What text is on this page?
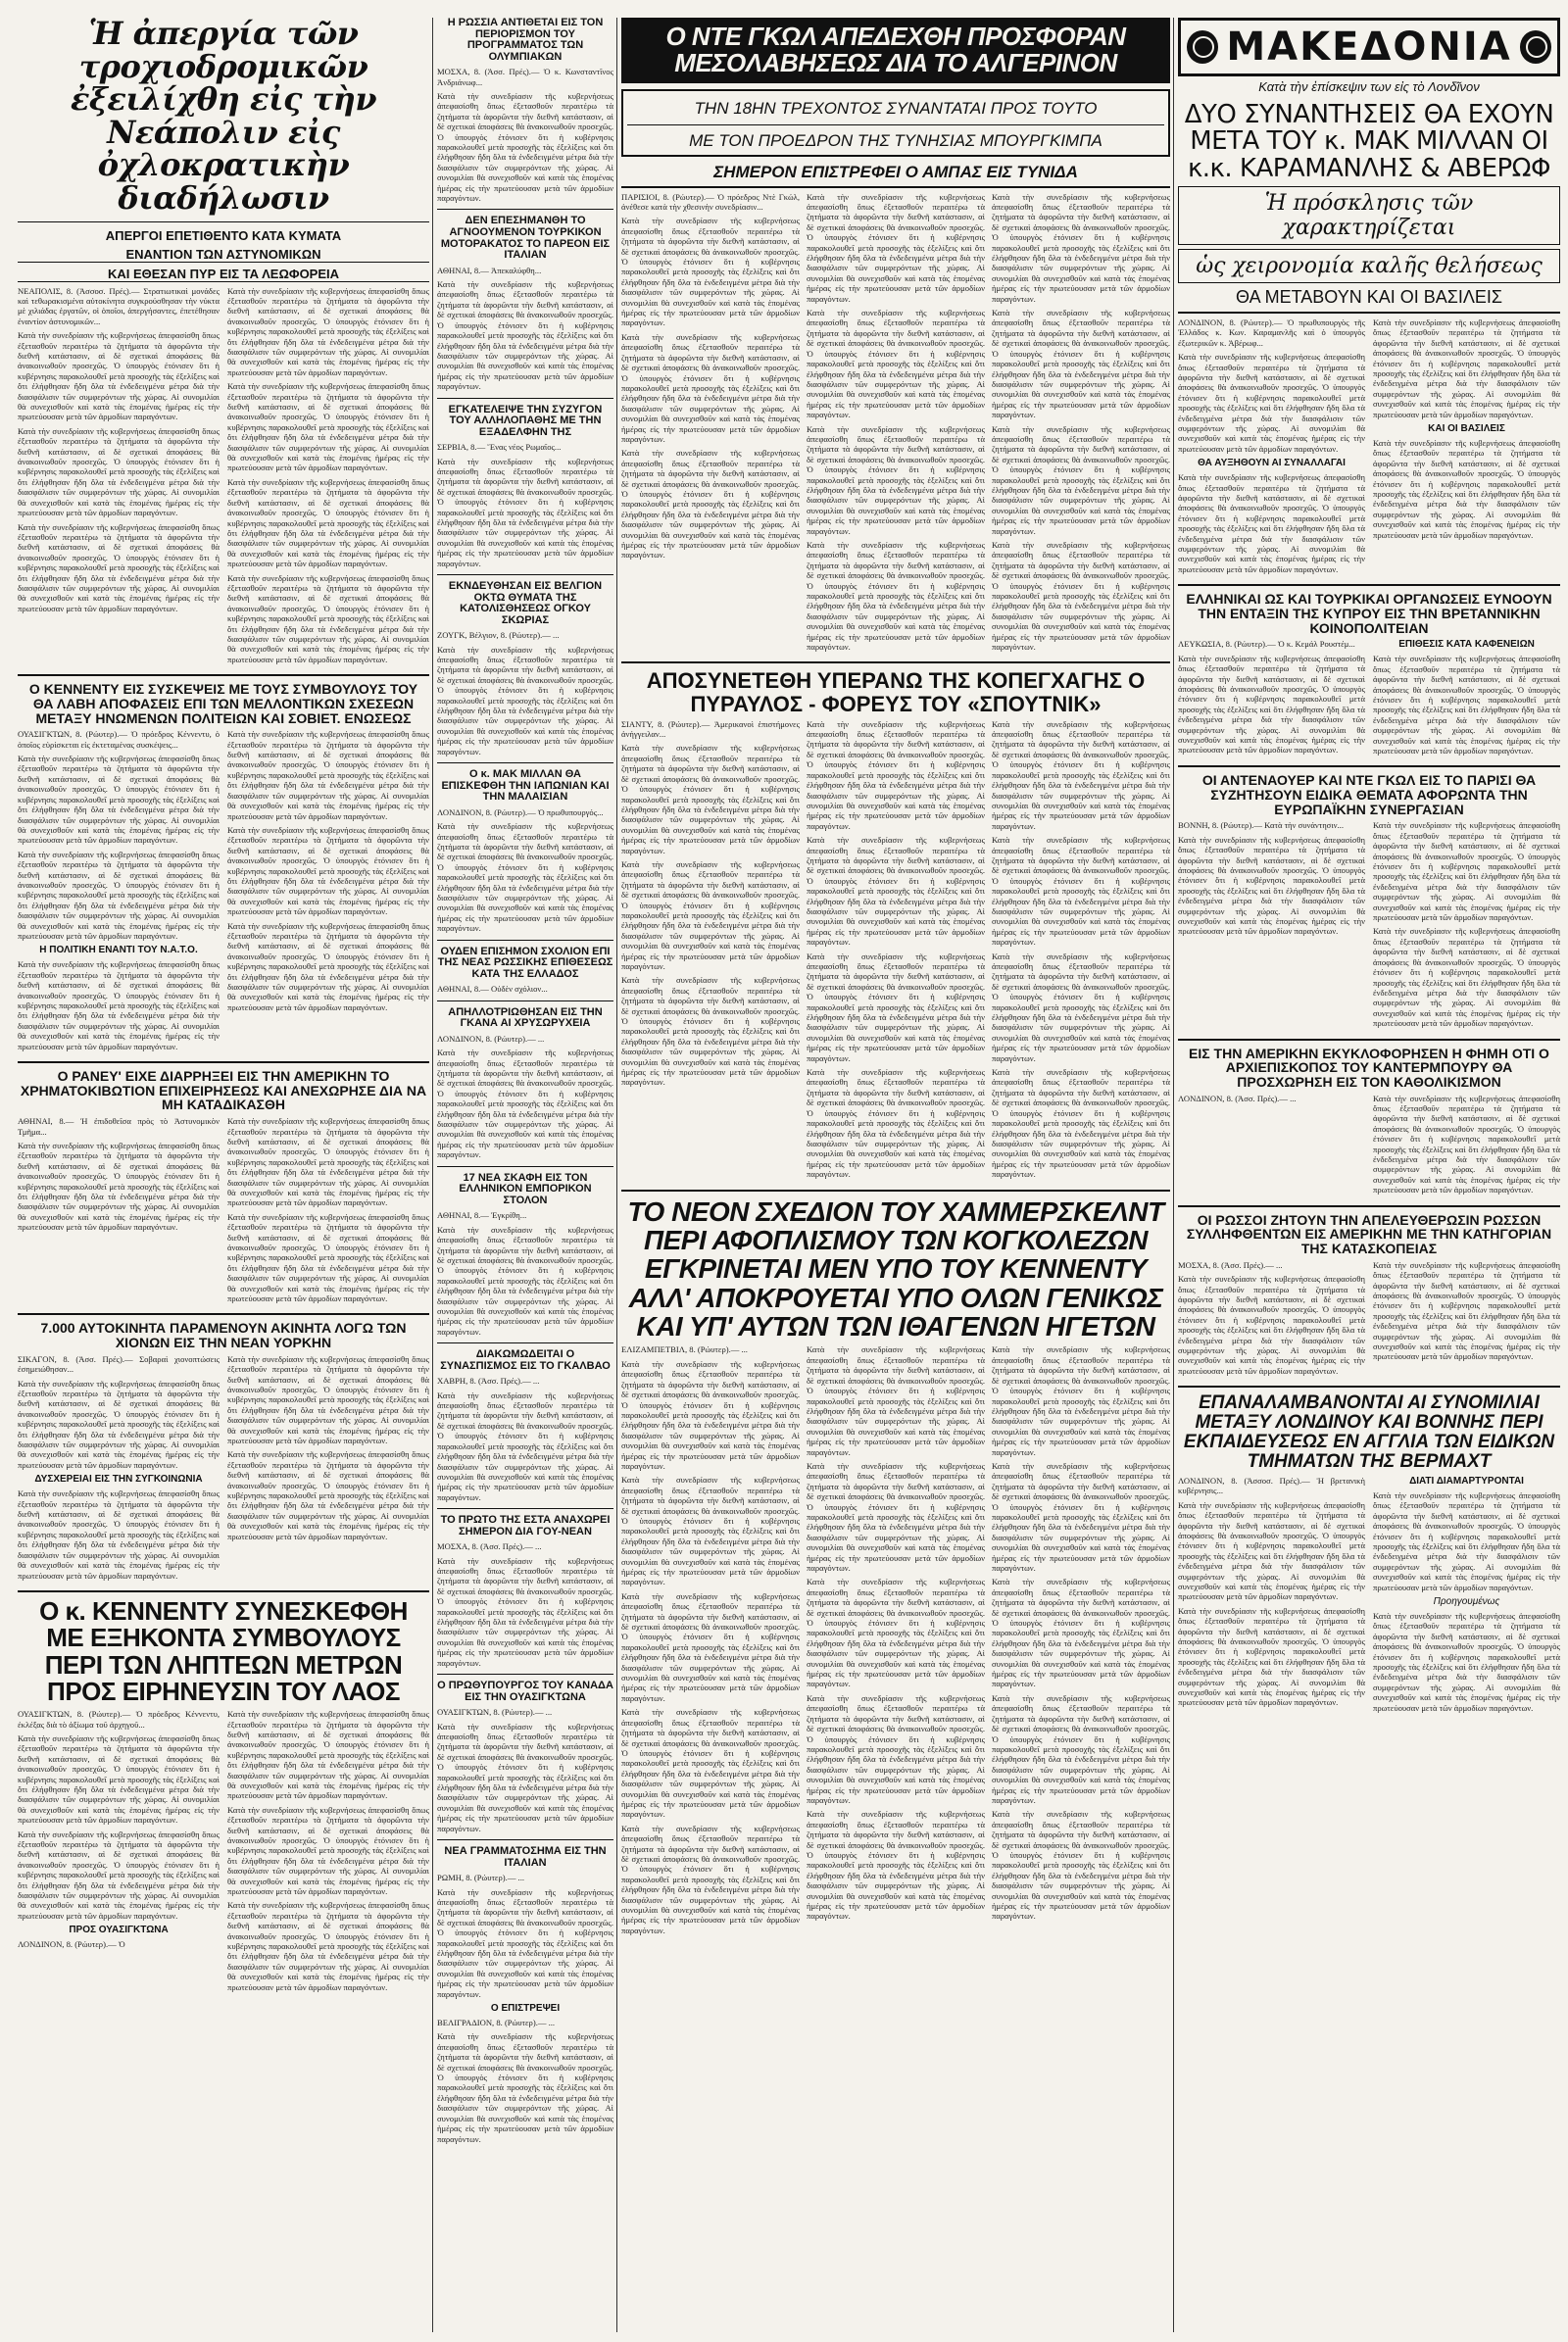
Ἡ ἀπεργία τῶν τροχιοδρομικῶν ἐξειλίχθη εἰς τὴν Νεάπολιν εἰς ὀχλοκρατικὴν διαδήλωσιν
ΑΠΕΡΓΟΙ ΕΠΕΤΙΘΕΝΤΟ ΚΑΤΑ ΚΥΜΑΤΑ
ΕΝΑΝΤΙΟΝ ΤΩΝ ΑΣΤΥΝΟΜΙΚΩΝ
ΚΑΙ ΕΘΕΣΑΝ ΠΥΡ ΕΙΣ ΤΑ ΛΕΩΦΟΡΕΙΑ

ΝΕΑΠΟΛΙΣ, 8. (Ἀσσοσ. Πρές).— Στρατιωτικαὶ μονάδες καὶ τεθωρακισμένα αὐτοκίνητα συγκρούσθησαν τὴν νύκτα μὲ χιλιάδας ἐργατῶν, οἱ ὁποῖοι, ἀπεργήσαντες, ἐπετέθησαν ἐναντίον ἀστυνομικῶν...

Κατὰ τὴν συνεδρίασιν τῆς κυβερνήσεως ἀπεφασίσθη ὅπως ἐξετασθοῦν περαιτέρω τὰ ζητήματα τὰ ἀφορῶντα τὴν διεθνῆ κατάστασιν, αἱ δὲ σχετικαὶ ἀποφάσεις θὰ ἀνακοινωθοῦν προσεχῶς. Ὁ ὑπουργὸς ἐτόνισεν ὅτι ἡ κυβέρνησις παρακολουθεῖ μετὰ προσοχῆς τὰς ἐξελίξεις καὶ ὅτι ἐλήφθησαν ἤδη ὅλα τὰ ἐνδεδειγμένα μέτρα διὰ τὴν διασφάλισιν τῶν συμφερόντων τῆς χώρας. Αἱ συνομιλίαι θὰ συνεχισθοῦν καὶ κατὰ τὰς ἑπομένας ἡμέρας εἰς τὴν πρωτεύουσαν μετὰ τῶν ἁρμοδίων παραγόντων.

Κατὰ τὴν συνεδρίασιν τῆς κυβερνήσεως ἀπεφασίσθη ὅπως ἐξετασθοῦν περαιτέρω τὰ ζητήματα τὰ ἀφορῶντα τὴν διεθνῆ κατάστασιν, αἱ δὲ σχετικαὶ ἀποφάσεις θὰ ἀνακοινωθοῦν προσεχῶς. Ὁ ὑπουργὸς ἐτόνισεν ὅτι ἡ κυβέρνησις παρακολουθεῖ μετὰ προσοχῆς τὰς ἐξελίξεις καὶ ὅτι ἐλήφθησαν ἤδη ὅλα τὰ ἐνδεδειγμένα μέτρα διὰ τὴν διασφάλισιν τῶν συμφερόντων τῆς χώρας. Αἱ συνομιλίαι θὰ συνεχισθοῦν καὶ κατὰ τὰς ἑπομένας ἡμέρας εἰς τὴν πρωτεύουσαν μετὰ τῶν ἁρμοδίων παραγόντων.

Κατὰ τὴν συνεδρίασιν τῆς κυβερνήσεως ἀπεφασίσθη ὅπως ἐξετασθοῦν περαιτέρω τὰ ζητήματα τὰ ἀφορῶντα τὴν διεθνῆ κατάστασιν, αἱ δὲ σχετικαὶ ἀποφάσεις θὰ ἀνακοινωθοῦν προσεχῶς. Ὁ ὑπουργὸς ἐτόνισεν ὅτι ἡ κυβέρνησις παρακολουθεῖ μετὰ προσοχῆς τὰς ἐξελίξεις καὶ ὅτι ἐλήφθησαν ἤδη ὅλα τὰ ἐνδεδειγμένα μέτρα διὰ τὴν διασφάλισιν τῶν συμφερόντων τῆς χώρας. Αἱ συνομιλίαι θὰ συνεχισθοῦν καὶ κατὰ τὰς ἑπομένας ἡμέρας εἰς τὴν πρωτεύουσαν μετὰ τῶν ἁρμοδίων παραγόντων.

Κατὰ τὴν συνεδρίασιν τῆς κυβερνήσεως ἀπεφασίσθη ὅπως ἐξετασθοῦν περαιτέρω τὰ ζητήματα τὰ ἀφορῶντα τὴν διεθνῆ κατάστασιν, αἱ δὲ σχετικαὶ ἀποφάσεις θὰ ἀνακοινωθοῦν προσεχῶς. Ὁ ὑπουργὸς ἐτόνισεν ὅτι ἡ κυβέρνησις παρακολουθεῖ μετὰ προσοχῆς τὰς ἐξελίξεις καὶ ὅτι ἐλήφθησαν ἤδη ὅλα τὰ ἐνδεδειγμένα μέτρα διὰ τὴν διασφάλισιν τῶν συμφερόντων τῆς χώρας. Αἱ συνομιλίαι θὰ συνεχισθοῦν καὶ κατὰ τὰς ἑπομένας ἡμέρας εἰς τὴν πρωτεύουσαν μετὰ τῶν ἁρμοδίων παραγόντων.

Κατὰ τὴν συνεδρίασιν τῆς κυβερνήσεως ἀπεφασίσθη ὅπως ἐξετασθοῦν περαιτέρω τὰ ζητήματα τὰ ἀφορῶντα τὴν διεθνῆ κατάστασιν, αἱ δὲ σχετικαὶ ἀποφάσεις θὰ ἀνακοινωθοῦν προσεχῶς. Ὁ ὑπουργὸς ἐτόνισεν ὅτι ἡ κυβέρνησις παρακολουθεῖ μετὰ προσοχῆς τὰς ἐξελίξεις καὶ ὅτι ἐλήφθησαν ἤδη ὅλα τὰ ἐνδεδειγμένα μέτρα διὰ τὴν διασφάλισιν τῶν συμφερόντων τῆς χώρας. Αἱ συνομιλίαι θὰ συνεχισθοῦν καὶ κατὰ τὰς ἑπομένας ἡμέρας εἰς τὴν πρωτεύουσαν μετὰ τῶν ἁρμοδίων παραγόντων.

Κατὰ τὴν συνεδρίασιν τῆς κυβερνήσεως ἀπεφασίσθη ὅπως ἐξετασθοῦν περαιτέρω τὰ ζητήματα τὰ ἀφορῶντα τὴν διεθνῆ κατάστασιν, αἱ δὲ σχετικαὶ ἀποφάσεις θὰ ἀνακοινωθοῦν προσεχῶς. Ὁ ὑπουργὸς ἐτόνισεν ὅτι ἡ κυβέρνησις παρακολουθεῖ μετὰ προσοχῆς τὰς ἐξελίξεις καὶ ὅτι ἐλήφθησαν ἤδη ὅλα τὰ ἐνδεδειγμένα μέτρα διὰ τὴν διασφάλισιν τῶν συμφερόντων τῆς χώρας. Αἱ συνομιλίαι θὰ συνεχισθοῦν καὶ κατὰ τὰς ἑπομένας ἡμέρας εἰς τὴν πρωτεύουσαν μετὰ τῶν ἁρμοδίων παραγόντων.

Κατὰ τὴν συνεδρίασιν τῆς κυβερνήσεως ἀπεφασίσθη ὅπως ἐξετασθοῦν περαιτέρω τὰ ζητήματα τὰ ἀφορῶντα τὴν διεθνῆ κατάστασιν, αἱ δὲ σχετικαὶ ἀποφάσεις θὰ ἀνακοινωθοῦν προσεχῶς. Ὁ ὑπουργὸς ἐτόνισεν ὅτι ἡ κυβέρνησις παρακολουθεῖ μετὰ προσοχῆς τὰς ἐξελίξεις καὶ ὅτι ἐλήφθησαν ἤδη ὅλα τὰ ἐνδεδειγμένα μέτρα διὰ τὴν διασφάλισιν τῶν συμφερόντων τῆς χώρας. Αἱ συνομιλίαι θὰ συνεχισθοῦν καὶ κατὰ τὰς ἑπομένας ἡμέρας εἰς τὴν πρωτεύουσαν μετὰ τῶν ἁρμοδίων παραγόντων.

Ο ΚΕΝΝΕΝΤΥ ΕΙΣ ΣΥΣΚΕΨΕΙΣ ΜΕ ΤΟΥΣ ΣΥΜΒΟΥΛΟΥΣ ΤΟΥ ΘΑ ΛΑΒΗ ΑΠΟΦΑΣΕΙΣ ΕΠΙ ΤΩΝ ΜΕΛΛΟΝΤΙΚΩΝ ΣΧΕΣΕΩΝ ΜΕΤΑΞΥ ΗΝΩΜΕΝΩΝ ΠΟΛΙΤΕΙΩΝ ΚΑΙ ΣΟΒΙΕΤ. ΕΝΩΣΕΩΣ

ΟΥΑΣΙΓΚΤΩΝ, 8. (Ρώυτερ).— Ὁ πρόεδρος Κέννεντυ, ὁ ὁποῖος εὑρίσκεται εἰς ἐκτεταμένας συσκέψεις...

Κατὰ τὴν συνεδρίασιν τῆς κυβερνήσεως ἀπεφασίσθη ὅπως ἐξετασθοῦν περαιτέρω τὰ ζητήματα τὰ ἀφορῶντα τὴν διεθνῆ κατάστασιν, αἱ δὲ σχετικαὶ ἀποφάσεις θὰ ἀνακοινωθοῦν προσεχῶς. Ὁ ὑπουργὸς ἐτόνισεν ὅτι ἡ κυβέρνησις παρακολουθεῖ μετὰ προσοχῆς τὰς ἐξελίξεις καὶ ὅτι ἐλήφθησαν ἤδη ὅλα τὰ ἐνδεδειγμένα μέτρα διὰ τὴν διασφάλισιν τῶν συμφερόντων τῆς χώρας. Αἱ συνομιλίαι θὰ συνεχισθοῦν καὶ κατὰ τὰς ἑπομένας ἡμέρας εἰς τὴν πρωτεύουσαν μετὰ τῶν ἁρμοδίων παραγόντων.

Κατὰ τὴν συνεδρίασιν τῆς κυβερνήσεως ἀπεφασίσθη ὅπως ἐξετασθοῦν περαιτέρω τὰ ζητήματα τὰ ἀφορῶντα τὴν διεθνῆ κατάστασιν, αἱ δὲ σχετικαὶ ἀποφάσεις θὰ ἀνακοινωθοῦν προσεχῶς. Ὁ ὑπουργὸς ἐτόνισεν ὅτι ἡ κυβέρνησις παρακολουθεῖ μετὰ προσοχῆς τὰς ἐξελίξεις καὶ ὅτι ἐλήφθησαν ἤδη ὅλα τὰ ἐνδεδειγμένα μέτρα διὰ τὴν διασφάλισιν τῶν συμφερόντων τῆς χώρας. Αἱ συνομιλίαι θὰ συνεχισθοῦν καὶ κατὰ τὰς ἑπομένας ἡμέρας εἰς τὴν πρωτεύουσαν μετὰ τῶν ἁρμοδίων παραγόντων.

Η ΠΟΛΙΤΙΚΗ ΕΝΑΝΤΙ ΤΟΥ Ν.Α.Τ.Ο.

Κατὰ τὴν συνεδρίασιν τῆς κυβερνήσεως ἀπεφασίσθη ὅπως ἐξετασθοῦν περαιτέρω τὰ ζητήματα τὰ ἀφορῶντα τὴν διεθνῆ κατάστασιν, αἱ δὲ σχετικαὶ ἀποφάσεις θὰ ἀνακοινωθοῦν προσεχῶς. Ὁ ὑπουργὸς ἐτόνισεν ὅτι ἡ κυβέρνησις παρακολουθεῖ μετὰ προσοχῆς τὰς ἐξελίξεις καὶ ὅτι ἐλήφθησαν ἤδη ὅλα τὰ ἐνδεδειγμένα μέτρα διὰ τὴν διασφάλισιν τῶν συμφερόντων τῆς χώρας. Αἱ συνομιλίαι θὰ συνεχισθοῦν καὶ κατὰ τὰς ἑπομένας ἡμέρας εἰς τὴν πρωτεύουσαν μετὰ τῶν ἁρμοδίων παραγόντων.

Κατὰ τὴν συνεδρίασιν τῆς κυβερνήσεως ἀπεφασίσθη ὅπως ἐξετασθοῦν περαιτέρω τὰ ζητήματα τὰ ἀφορῶντα τὴν διεθνῆ κατάστασιν, αἱ δὲ σχετικαὶ ἀποφάσεις θὰ ἀνακοινωθοῦν προσεχῶς. Ὁ ὑπουργὸς ἐτόνισεν ὅτι ἡ κυβέρνησις παρακολουθεῖ μετὰ προσοχῆς τὰς ἐξελίξεις καὶ ὅτι ἐλήφθησαν ἤδη ὅλα τὰ ἐνδεδειγμένα μέτρα διὰ τὴν διασφάλισιν τῶν συμφερόντων τῆς χώρας. Αἱ συνομιλίαι θὰ συνεχισθοῦν καὶ κατὰ τὰς ἑπομένας ἡμέρας εἰς τὴν πρωτεύουσαν μετὰ τῶν ἁρμοδίων παραγόντων.

Κατὰ τὴν συνεδρίασιν τῆς κυβερνήσεως ἀπεφασίσθη ὅπως ἐξετασθοῦν περαιτέρω τὰ ζητήματα τὰ ἀφορῶντα τὴν διεθνῆ κατάστασιν, αἱ δὲ σχετικαὶ ἀποφάσεις θὰ ἀνακοινωθοῦν προσεχῶς. Ὁ ὑπουργὸς ἐτόνισεν ὅτι ἡ κυβέρνησις παρακολουθεῖ μετὰ προσοχῆς τὰς ἐξελίξεις καὶ ὅτι ἐλήφθησαν ἤδη ὅλα τὰ ἐνδεδειγμένα μέτρα διὰ τὴν διασφάλισιν τῶν συμφερόντων τῆς χώρας. Αἱ συνομιλίαι θὰ συνεχισθοῦν καὶ κατὰ τὰς ἑπομένας ἡμέρας εἰς τὴν πρωτεύουσαν μετὰ τῶν ἁρμοδίων παραγόντων.

Κατὰ τὴν συνεδρίασιν τῆς κυβερνήσεως ἀπεφασίσθη ὅπως ἐξετασθοῦν περαιτέρω τὰ ζητήματα τὰ ἀφορῶντα τὴν διεθνῆ κατάστασιν, αἱ δὲ σχετικαὶ ἀποφάσεις θὰ ἀνακοινωθοῦν προσεχῶς. Ὁ ὑπουργὸς ἐτόνισεν ὅτι ἡ κυβέρνησις παρακολουθεῖ μετὰ προσοχῆς τὰς ἐξελίξεις καὶ ὅτι ἐλήφθησαν ἤδη ὅλα τὰ ἐνδεδειγμένα μέτρα διὰ τὴν διασφάλισιν τῶν συμφερόντων τῆς χώρας. Αἱ συνομιλίαι θὰ συνεχισθοῦν καὶ κατὰ τὰς ἑπομένας ἡμέρας εἰς τὴν πρωτεύουσαν μετὰ τῶν ἁρμοδίων παραγόντων.

Ο ΡΑΝΕΥ' ΕΙΧΕ ΔΙΑΡΡΗΞΕΙ ΕΙΣ ΤΗΝ ΑΜΕΡΙΚΗΝ ΤΟ ΧΡΗΜΑΤΟΚΙΒΩΤΙΟΝ ΕΠΙΧΕΙΡΗΣΕΩΣ ΚΑΙ ΑΝΕΧΩΡΗΣΕ ΔΙΑ ΝΑ ΜΗ ΚΑΤΑΔΙΚΑΣΘΗ

ΑΘΗΝΑΙ, 8.— Ἡ ἐπιδοθεῖσα πρὸς τὸ Ἀστυνομικὸν Τμῆμα...

Κατὰ τὴν συνεδρίασιν τῆς κυβερνήσεως ἀπεφασίσθη ὅπως ἐξετασθοῦν περαιτέρω τὰ ζητήματα τὰ ἀφορῶντα τὴν διεθνῆ κατάστασιν, αἱ δὲ σχετικαὶ ἀποφάσεις θὰ ἀνακοινωθοῦν προσεχῶς. Ὁ ὑπουργὸς ἐτόνισεν ὅτι ἡ κυβέρνησις παρακολουθεῖ μετὰ προσοχῆς τὰς ἐξελίξεις καὶ ὅτι ἐλήφθησαν ἤδη ὅλα τὰ ἐνδεδειγμένα μέτρα διὰ τὴν διασφάλισιν τῶν συμφερόντων τῆς χώρας. Αἱ συνομιλίαι θὰ συνεχισθοῦν καὶ κατὰ τὰς ἑπομένας ἡμέρας εἰς τὴν πρωτεύουσαν μετὰ τῶν ἁρμοδίων παραγόντων.

Κατὰ τὴν συνεδρίασιν τῆς κυβερνήσεως ἀπεφασίσθη ὅπως ἐξετασθοῦν περαιτέρω τὰ ζητήματα τὰ ἀφορῶντα τὴν διεθνῆ κατάστασιν, αἱ δὲ σχετικαὶ ἀποφάσεις θὰ ἀνακοινωθοῦν προσεχῶς. Ὁ ὑπουργὸς ἐτόνισεν ὅτι ἡ κυβέρνησις παρακολουθεῖ μετὰ προσοχῆς τὰς ἐξελίξεις καὶ ὅτι ἐλήφθησαν ἤδη ὅλα τὰ ἐνδεδειγμένα μέτρα διὰ τὴν διασφάλισιν τῶν συμφερόντων τῆς χώρας. Αἱ συνομιλίαι θὰ συνεχισθοῦν καὶ κατὰ τὰς ἑπομένας ἡμέρας εἰς τὴν πρωτεύουσαν μετὰ τῶν ἁρμοδίων παραγόντων.

Κατὰ τὴν συνεδρίασιν τῆς κυβερνήσεως ἀπεφασίσθη ὅπως ἐξετασθοῦν περαιτέρω τὰ ζητήματα τὰ ἀφορῶντα τὴν διεθνῆ κατάστασιν, αἱ δὲ σχετικαὶ ἀποφάσεις θὰ ἀνακοινωθοῦν προσεχῶς. Ὁ ὑπουργὸς ἐτόνισεν ὅτι ἡ κυβέρνησις παρακολουθεῖ μετὰ προσοχῆς τὰς ἐξελίξεις καὶ ὅτι ἐλήφθησαν ἤδη ὅλα τὰ ἐνδεδειγμένα μέτρα διὰ τὴν διασφάλισιν τῶν συμφερόντων τῆς χώρας. Αἱ συνομιλίαι θὰ συνεχισθοῦν καὶ κατὰ τὰς ἑπομένας ἡμέρας εἰς τὴν πρωτεύουσαν μετὰ τῶν ἁρμοδίων παραγόντων.

7.000 ΑΥΤΟΚΙΝΗΤΑ ΠΑΡΑΜΕΝΟΥΝ ΑΚΙΝΗΤΑ ΛΟΓΩ ΤΩΝ ΧΙΟΝΩΝ ΕΙΣ ΤΗΝ ΝΕΑΝ ΥΟΡΚΗΝ

ΣΙΚΑΓΟΝ, 8. (Ἀσσ. Πρές).— Σοβαραὶ χιονοπτώσεις ἐσημειώθησαν...

Κατὰ τὴν συνεδρίασιν τῆς κυβερνήσεως ἀπεφασίσθη ὅπως ἐξετασθοῦν περαιτέρω τὰ ζητήματα τὰ ἀφορῶντα τὴν διεθνῆ κατάστασιν, αἱ δὲ σχετικαὶ ἀποφάσεις θὰ ἀνακοινωθοῦν προσεχῶς. Ὁ ὑπουργὸς ἐτόνισεν ὅτι ἡ κυβέρνησις παρακολουθεῖ μετὰ προσοχῆς τὰς ἐξελίξεις καὶ ὅτι ἐλήφθησαν ἤδη ὅλα τὰ ἐνδεδειγμένα μέτρα διὰ τὴν διασφάλισιν τῶν συμφερόντων τῆς χώρας. Αἱ συνομιλίαι θὰ συνεχισθοῦν καὶ κατὰ τὰς ἑπομένας ἡμέρας εἰς τὴν πρωτεύουσαν μετὰ τῶν ἁρμοδίων παραγόντων.

ΔΥΣΧΕΡΕΙΑΙ ΕΙΣ ΤΗΝ ΣΥΓΚΟΙΝΩΝΙΑ

Κατὰ τὴν συνεδρίασιν τῆς κυβερνήσεως ἀπεφασίσθη ὅπως ἐξετασθοῦν περαιτέρω τὰ ζητήματα τὰ ἀφορῶντα τὴν διεθνῆ κατάστασιν, αἱ δὲ σχετικαὶ ἀποφάσεις θὰ ἀνακοινωθοῦν προσεχῶς. Ὁ ὑπουργὸς ἐτόνισεν ὅτι ἡ κυβέρνησις παρακολουθεῖ μετὰ προσοχῆς τὰς ἐξελίξεις καὶ ὅτι ἐλήφθησαν ἤδη ὅλα τὰ ἐνδεδειγμένα μέτρα διὰ τὴν διασφάλισιν τῶν συμφερόντων τῆς χώρας. Αἱ συνομιλίαι θὰ συνεχισθοῦν καὶ κατὰ τὰς ἑπομένας ἡμέρας εἰς τὴν πρωτεύουσαν μετὰ τῶν ἁρμοδίων παραγόντων.

Κατὰ τὴν συνεδρίασιν τῆς κυβερνήσεως ἀπεφασίσθη ὅπως ἐξετασθοῦν περαιτέρω τὰ ζητήματα τὰ ἀφορῶντα τὴν διεθνῆ κατάστασιν, αἱ δὲ σχετικαὶ ἀποφάσεις θὰ ἀνακοινωθοῦν προσεχῶς. Ὁ ὑπουργὸς ἐτόνισεν ὅτι ἡ κυβέρνησις παρακολουθεῖ μετὰ προσοχῆς τὰς ἐξελίξεις καὶ ὅτι ἐλήφθησαν ἤδη ὅλα τὰ ἐνδεδειγμένα μέτρα διὰ τὴν διασφάλισιν τῶν συμφερόντων τῆς χώρας. Αἱ συνομιλίαι θὰ συνεχισθοῦν καὶ κατὰ τὰς ἑπομένας ἡμέρας εἰς τὴν πρωτεύουσαν μετὰ τῶν ἁρμοδίων παραγόντων.

Κατὰ τὴν συνεδρίασιν τῆς κυβερνήσεως ἀπεφασίσθη ὅπως ἐξετασθοῦν περαιτέρω τὰ ζητήματα τὰ ἀφορῶντα τὴν διεθνῆ κατάστασιν, αἱ δὲ σχετικαὶ ἀποφάσεις θὰ ἀνακοινωθοῦν προσεχῶς. Ὁ ὑπουργὸς ἐτόνισεν ὅτι ἡ κυβέρνησις παρακολουθεῖ μετὰ προσοχῆς τὰς ἐξελίξεις καὶ ὅτι ἐλήφθησαν ἤδη ὅλα τὰ ἐνδεδειγμένα μέτρα διὰ τὴν διασφάλισιν τῶν συμφερόντων τῆς χώρας. Αἱ συνομιλίαι θὰ συνεχισθοῦν καὶ κατὰ τὰς ἑπομένας ἡμέρας εἰς τὴν πρωτεύουσαν μετὰ τῶν ἁρμοδίων παραγόντων.

Ο κ. ΚΕΝΝΕΝΤΥ ΣΥΝΕΣΚΕΦΘΗ ΜΕ ΕΞΗΚΟΝΤΑ ΣΥΜΒΟΥΛΟΥΣ ΠΕΡΙ ΤΩΝ ΛΗΠΤΕΩΝ ΜΕΤΡΩΝ ΠΡΟΣ ΕΙΡΗΝΕΥΣΙΝ ΤΟΥ ΛΑΟΣ

ΟΥΑΣΙΓΚΤΩΝ, 8. (Ρώυτερ).— Ὁ πρόεδρος Κέννεντυ, ἐκλέξας διὰ τὸ ἀξίωμα τοῦ ἀρχηγοῦ...

Κατὰ τὴν συνεδρίασιν τῆς κυβερνήσεως ἀπεφασίσθη ὅπως ἐξετασθοῦν περαιτέρω τὰ ζητήματα τὰ ἀφορῶντα τὴν διεθνῆ κατάστασιν, αἱ δὲ σχετικαὶ ἀποφάσεις θὰ ἀνακοινωθοῦν προσεχῶς. Ὁ ὑπουργὸς ἐτόνισεν ὅτι ἡ κυβέρνησις παρακολουθεῖ μετὰ προσοχῆς τὰς ἐξελίξεις καὶ ὅτι ἐλήφθησαν ἤδη ὅλα τὰ ἐνδεδειγμένα μέτρα διὰ τὴν διασφάλισιν τῶν συμφερόντων τῆς χώρας. Αἱ συνομιλίαι θὰ συνεχισθοῦν καὶ κατὰ τὰς ἑπομένας ἡμέρας εἰς τὴν πρωτεύουσαν μετὰ τῶν ἁρμοδίων παραγόντων.

Κατὰ τὴν συνεδρίασιν τῆς κυβερνήσεως ἀπεφασίσθη ὅπως ἐξετασθοῦν περαιτέρω τὰ ζητήματα τὰ ἀφορῶντα τὴν διεθνῆ κατάστασιν, αἱ δὲ σχετικαὶ ἀποφάσεις θὰ ἀνακοινωθοῦν προσεχῶς. Ὁ ὑπουργὸς ἐτόνισεν ὅτι ἡ κυβέρνησις παρακολουθεῖ μετὰ προσοχῆς τὰς ἐξελίξεις καὶ ὅτι ἐλήφθησαν ἤδη ὅλα τὰ ἐνδεδειγμένα μέτρα διὰ τὴν διασφάλισιν τῶν συμφερόντων τῆς χώρας. Αἱ συνομιλίαι θὰ συνεχισθοῦν καὶ κατὰ τὰς ἑπομένας ἡμέρας εἰς τὴν πρωτεύουσαν μετὰ τῶν ἁρμοδίων παραγόντων.

ΠΡΟΣ ΟΥΑΣΙΓΚΤΩΝΑ

ΛΟΝΔΙΝΟΝ, 8. (Ρώυτερ).— Ὁ

Κατὰ τὴν συνεδρίασιν τῆς κυβερνήσεως ἀπεφασίσθη ὅπως ἐξετασθοῦν περαιτέρω τὰ ζητήματα τὰ ἀφορῶντα τὴν διεθνῆ κατάστασιν, αἱ δὲ σχετικαὶ ἀποφάσεις θὰ ἀνακοινωθοῦν προσεχῶς. Ὁ ὑπουργὸς ἐτόνισεν ὅτι ἡ κυβέρνησις παρακολουθεῖ μετὰ προσοχῆς τὰς ἐξελίξεις καὶ ὅτι ἐλήφθησαν ἤδη ὅλα τὰ ἐνδεδειγμένα μέτρα διὰ τὴν διασφάλισιν τῶν συμφερόντων τῆς χώρας. Αἱ συνομιλίαι θὰ συνεχισθοῦν καὶ κατὰ τὰς ἑπομένας ἡμέρας εἰς τὴν πρωτεύουσαν μετὰ τῶν ἁρμοδίων παραγόντων.

Κατὰ τὴν συνεδρίασιν τῆς κυβερνήσεως ἀπεφασίσθη ὅπως ἐξετασθοῦν περαιτέρω τὰ ζητήματα τὰ ἀφορῶντα τὴν διεθνῆ κατάστασιν, αἱ δὲ σχετικαὶ ἀποφάσεις θὰ ἀνακοινωθοῦν προσεχῶς. Ὁ ὑπουργὸς ἐτόνισεν ὅτι ἡ κυβέρνησις παρακολουθεῖ μετὰ προσοχῆς τὰς ἐξελίξεις καὶ ὅτι ἐλήφθησαν ἤδη ὅλα τὰ ἐνδεδειγμένα μέτρα διὰ τὴν διασφάλισιν τῶν συμφερόντων τῆς χώρας. Αἱ συνομιλίαι θὰ συνεχισθοῦν καὶ κατὰ τὰς ἑπομένας ἡμέρας εἰς τὴν πρωτεύουσαν μετὰ τῶν ἁρμοδίων παραγόντων.

Κατὰ τὴν συνεδρίασιν τῆς κυβερνήσεως ἀπεφασίσθη ὅπως ἐξετασθοῦν περαιτέρω τὰ ζητήματα τὰ ἀφορῶντα τὴν διεθνῆ κατάστασιν, αἱ δὲ σχετικαὶ ἀποφάσεις θὰ ἀνακοινωθοῦν προσεχῶς. Ὁ ὑπουργὸς ἐτόνισεν ὅτι ἡ κυβέρνησις παρακολουθεῖ μετὰ προσοχῆς τὰς ἐξελίξεις καὶ ὅτι ἐλήφθησαν ἤδη ὅλα τὰ ἐνδεδειγμένα μέτρα διὰ τὴν διασφάλισιν τῶν συμφερόντων τῆς χώρας. Αἱ συνομιλίαι θὰ συνεχισθοῦν καὶ κατὰ τὰς ἑπομένας ἡμέρας εἰς τὴν πρωτεύουσαν μετὰ τῶν ἁρμοδίων παραγόντων.

Η ΡΩΣΣΙΑ ΑΝΤΙΘΕΤΑΙ ΕΙΣ ΤΟΝ ΠΕΡΙΟΡΙΣΜΟΝ ΤΟΥ ΠΡΟΓΡΑΜΜΑΤΟΣ ΤΩΝ ΟΛΥΜΠΙΑΚΩΝ

ΜΟΣΧΑ, 8. (Ἀσσ. Πρές).— Ὁ κ. Κωνσταντῖνος Ἀνδριάνωφ...

Κατὰ τὴν συνεδρίασιν τῆς κυβερνήσεως ἀπεφασίσθη ὅπως ἐξετασθοῦν περαιτέρω τὰ ζητήματα τὰ ἀφορῶντα τὴν διεθνῆ κατάστασιν, αἱ δὲ σχετικαὶ ἀποφάσεις θὰ ἀνακοινωθοῦν προσεχῶς. Ὁ ὑπουργὸς ἐτόνισεν ὅτι ἡ κυβέρνησις παρακολουθεῖ μετὰ προσοχῆς τὰς ἐξελίξεις καὶ ὅτι ἐλήφθησαν ἤδη ὅλα τὰ ἐνδεδειγμένα μέτρα διὰ τὴν διασφάλισιν τῶν συμφερόντων τῆς χώρας. Αἱ συνομιλίαι θὰ συνεχισθοῦν καὶ κατὰ τὰς ἑπομένας ἡμέρας εἰς τὴν πρωτεύουσαν μετὰ τῶν ἁρμοδίων παραγόντων.

ΔΕΝ ΕΠΕΣΗΜΑΝΘΗ ΤΟ ΑΓΝΟΟΥΜΕΝΟΝ ΤΟΥΡΚΙΚΟΝ ΜΟΤΟΡΑΚΑΤΟΣ ΤΟ ΠΑΡΕΟΝ ΕΙΣ ΙΤΑΛΙΑΝ

ΑΘΗΝΑΙ, 8.— Ἀπεκαλύφθη...

Κατὰ τὴν συνεδρίασιν τῆς κυβερνήσεως ἀπεφασίσθη ὅπως ἐξετασθοῦν περαιτέρω τὰ ζητήματα τὰ ἀφορῶντα τὴν διεθνῆ κατάστασιν, αἱ δὲ σχετικαὶ ἀποφάσεις θὰ ἀνακοινωθοῦν προσεχῶς. Ὁ ὑπουργὸς ἐτόνισεν ὅτι ἡ κυβέρνησις παρακολουθεῖ μετὰ προσοχῆς τὰς ἐξελίξεις καὶ ὅτι ἐλήφθησαν ἤδη ὅλα τὰ ἐνδεδειγμένα μέτρα διὰ τὴν διασφάλισιν τῶν συμφερόντων τῆς χώρας. Αἱ συνομιλίαι θὰ συνεχισθοῦν καὶ κατὰ τὰς ἑπομένας ἡμέρας εἰς τὴν πρωτεύουσαν μετὰ τῶν ἁρμοδίων παραγόντων.

ΕΓΚΑΤΕΛΕΙΨΕ ΤΗΝ ΣΥΖΥΓΟΝ ΤΟΥ ΑΛΛΗΛΟΠΑΘΗΣ ΜΕ ΤΗΝ ΕΞΑΔΕΛΦΗΝ ΤΗΣ

ΣΕΡΒΙΑ, 8.— Ἕνας νέος Ρωμαῖος...

Κατὰ τὴν συνεδρίασιν τῆς κυβερνήσεως ἀπεφασίσθη ὅπως ἐξετασθοῦν περαιτέρω τὰ ζητήματα τὰ ἀφορῶντα τὴν διεθνῆ κατάστασιν, αἱ δὲ σχετικαὶ ἀποφάσεις θὰ ἀνακοινωθοῦν προσεχῶς. Ὁ ὑπουργὸς ἐτόνισεν ὅτι ἡ κυβέρνησις παρακολουθεῖ μετὰ προσοχῆς τὰς ἐξελίξεις καὶ ὅτι ἐλήφθησαν ἤδη ὅλα τὰ ἐνδεδειγμένα μέτρα διὰ τὴν διασφάλισιν τῶν συμφερόντων τῆς χώρας. Αἱ συνομιλίαι θὰ συνεχισθοῦν καὶ κατὰ τὰς ἑπομένας ἡμέρας εἰς τὴν πρωτεύουσαν μετὰ τῶν ἁρμοδίων παραγόντων.

ΕΚΝΔΕΥΘΗΣΑΝ ΕΙΣ ΒΕΛΓΙΟΝ ΟΚΤΩ ΘΥΜΑΤΑ ΤΗΣ ΚΑΤΟΛΙΣΘΗΣΕΩΣ ΟΓΚΟΥ ΣΚΩΡΙΑΣ

ΖΟΥΓΚ, Βέλγιον, 8. (Ρώυτερ).— ...

Κατὰ τὴν συνεδρίασιν τῆς κυβερνήσεως ἀπεφασίσθη ὅπως ἐξετασθοῦν περαιτέρω τὰ ζητήματα τὰ ἀφορῶντα τὴν διεθνῆ κατάστασιν, αἱ δὲ σχετικαὶ ἀποφάσεις θὰ ἀνακοινωθοῦν προσεχῶς. Ὁ ὑπουργὸς ἐτόνισεν ὅτι ἡ κυβέρνησις παρακολουθεῖ μετὰ προσοχῆς τὰς ἐξελίξεις καὶ ὅτι ἐλήφθησαν ἤδη ὅλα τὰ ἐνδεδειγμένα μέτρα διὰ τὴν διασφάλισιν τῶν συμφερόντων τῆς χώρας. Αἱ συνομιλίαι θὰ συνεχισθοῦν καὶ κατὰ τὰς ἑπομένας ἡμέρας εἰς τὴν πρωτεύουσαν μετὰ τῶν ἁρμοδίων παραγόντων.

Ο κ. ΜΑΚ ΜΙΛΛΑΝ ΘΑ ΕΠΙΣΚΕΦΘΗ ΤΗΝ ΙΑΠΩΝΙΑΝ ΚΑΙ ΤΗΝ ΜΑΛΑΙΣΙΑΝ

ΛΟΝΔΙΝΟΝ, 8. (Ρώυτερ).— Ὁ πρωθυπουργός...

Κατὰ τὴν συνεδρίασιν τῆς κυβερνήσεως ἀπεφασίσθη ὅπως ἐξετασθοῦν περαιτέρω τὰ ζητήματα τὰ ἀφορῶντα τὴν διεθνῆ κατάστασιν, αἱ δὲ σχετικαὶ ἀποφάσεις θὰ ἀνακοινωθοῦν προσεχῶς. Ὁ ὑπουργὸς ἐτόνισεν ὅτι ἡ κυβέρνησις παρακολουθεῖ μετὰ προσοχῆς τὰς ἐξελίξεις καὶ ὅτι ἐλήφθησαν ἤδη ὅλα τὰ ἐνδεδειγμένα μέτρα διὰ τὴν διασφάλισιν τῶν συμφερόντων τῆς χώρας. Αἱ συνομιλίαι θὰ συνεχισθοῦν καὶ κατὰ τὰς ἑπομένας ἡμέρας εἰς τὴν πρωτεύουσαν μετὰ τῶν ἁρμοδίων παραγόντων.

ΟΥΔΕΝ ΕΠΙΣΗΜΟΝ ΣΧΟΛΙΟΝ ΕΠΙ ΤΗΣ ΝΕΑΣ ΡΩΣΣΙΚΗΣ ΕΠΙΘΕΣΕΩΣ ΚΑΤΑ ΤΗΣ ΕΛΛΑΔΟΣ

ΑΘΗΝΑΙ, 8.— Οὐδὲν σχόλιον...

ΑΠΗΛΛΟΤΡΙΩΘΗΣΑΝ ΕΙΣ ΤΗΝ ΓΚΑΝΑ ΑΙ ΧΡΥΣΩΡΥΧΕΙΑ

ΛΟΝΔΙΝΟΝ, 8. (Ρώυτερ).— ...

Κατὰ τὴν συνεδρίασιν τῆς κυβερνήσεως ἀπεφασίσθη ὅπως ἐξετασθοῦν περαιτέρω τὰ ζητήματα τὰ ἀφορῶντα τὴν διεθνῆ κατάστασιν, αἱ δὲ σχετικαὶ ἀποφάσεις θὰ ἀνακοινωθοῦν προσεχῶς. Ὁ ὑπουργὸς ἐτόνισεν ὅτι ἡ κυβέρνησις παρακολουθεῖ μετὰ προσοχῆς τὰς ἐξελίξεις καὶ ὅτι ἐλήφθησαν ἤδη ὅλα τὰ ἐνδεδειγμένα μέτρα διὰ τὴν διασφάλισιν τῶν συμφερόντων τῆς χώρας. Αἱ συνομιλίαι θὰ συνεχισθοῦν καὶ κατὰ τὰς ἑπομένας ἡμέρας εἰς τὴν πρωτεύουσαν μετὰ τῶν ἁρμοδίων παραγόντων.

17 ΝΕΑ ΣΚΑΦΗ ΕΙΣ ΤΟΝ ΕΛΛΗΝΙΚΟΝ ΕΜΠΟΡΙΚΟΝ ΣΤΟΛΟΝ

ΑΘΗΝΑΙ, 8.— Ἐγκρίθη...

Κατὰ τὴν συνεδρίασιν τῆς κυβερνήσεως ἀπεφασίσθη ὅπως ἐξετασθοῦν περαιτέρω τὰ ζητήματα τὰ ἀφορῶντα τὴν διεθνῆ κατάστασιν, αἱ δὲ σχετικαὶ ἀποφάσεις θὰ ἀνακοινωθοῦν προσεχῶς. Ὁ ὑπουργὸς ἐτόνισεν ὅτι ἡ κυβέρνησις παρακολουθεῖ μετὰ προσοχῆς τὰς ἐξελίξεις καὶ ὅτι ἐλήφθησαν ἤδη ὅλα τὰ ἐνδεδειγμένα μέτρα διὰ τὴν διασφάλισιν τῶν συμφερόντων τῆς χώρας. Αἱ συνομιλίαι θὰ συνεχισθοῦν καὶ κατὰ τὰς ἑπομένας ἡμέρας εἰς τὴν πρωτεύουσαν μετὰ τῶν ἁρμοδίων παραγόντων.

ΔΙΑΚΩΜΩΔΕΙΤΑΙ Ο ΣΥΝΑΣΠΙΣΜΟΣ ΕΙΣ ΤΟ ΓΚΑΛΒΑΟ

ΧΑΒΡΗ, 8. (Ἀσσ. Πρές).— ...

Κατὰ τὴν συνεδρίασιν τῆς κυβερνήσεως ἀπεφασίσθη ὅπως ἐξετασθοῦν περαιτέρω τὰ ζητήματα τὰ ἀφορῶντα τὴν διεθνῆ κατάστασιν, αἱ δὲ σχετικαὶ ἀποφάσεις θὰ ἀνακοινωθοῦν προσεχῶς. Ὁ ὑπουργὸς ἐτόνισεν ὅτι ἡ κυβέρνησις παρακολουθεῖ μετὰ προσοχῆς τὰς ἐξελίξεις καὶ ὅτι ἐλήφθησαν ἤδη ὅλα τὰ ἐνδεδειγμένα μέτρα διὰ τὴν διασφάλισιν τῶν συμφερόντων τῆς χώρας. Αἱ συνομιλίαι θὰ συνεχισθοῦν καὶ κατὰ τὰς ἑπομένας ἡμέρας εἰς τὴν πρωτεύουσαν μετὰ τῶν ἁρμοδίων παραγόντων.

ΤΟ ΠΡΩΤΟ ΤΗΣ ΕΣΤΑ ΑΝΑΧΩΡΕΙ ΣΗΜΕΡΟΝ ΔΙΑ ΓΟΥ-ΝΕΑΝ

ΜΟΣΧΑ, 8. (Ἀσσ. Πρές).— ...

Κατὰ τὴν συνεδρίασιν τῆς κυβερνήσεως ἀπεφασίσθη ὅπως ἐξετασθοῦν περαιτέρω τὰ ζητήματα τὰ ἀφορῶντα τὴν διεθνῆ κατάστασιν, αἱ δὲ σχετικαὶ ἀποφάσεις θὰ ἀνακοινωθοῦν προσεχῶς. Ὁ ὑπουργὸς ἐτόνισεν ὅτι ἡ κυβέρνησις παρακολουθεῖ μετὰ προσοχῆς τὰς ἐξελίξεις καὶ ὅτι ἐλήφθησαν ἤδη ὅλα τὰ ἐνδεδειγμένα μέτρα διὰ τὴν διασφάλισιν τῶν συμφερόντων τῆς χώρας. Αἱ συνομιλίαι θὰ συνεχισθοῦν καὶ κατὰ τὰς ἑπομένας ἡμέρας εἰς τὴν πρωτεύουσαν μετὰ τῶν ἁρμοδίων παραγόντων.

Ο ΠΡΩΘΥΠΟΥΡΓΟΣ ΤΟΥ ΚΑΝΑΔΑ ΕΙΣ ΤΗΝ ΟΥΑΣΙΓΚΤΩΝΑ

ΟΥΑΣΙΓΚΤΩΝ, 8. (Ρώυτερ).— ...

Κατὰ τὴν συνεδρίασιν τῆς κυβερνήσεως ἀπεφασίσθη ὅπως ἐξετασθοῦν περαιτέρω τὰ ζητήματα τὰ ἀφορῶντα τὴν διεθνῆ κατάστασιν, αἱ δὲ σχετικαὶ ἀποφάσεις θὰ ἀνακοινωθοῦν προσεχῶς. Ὁ ὑπουργὸς ἐτόνισεν ὅτι ἡ κυβέρνησις παρακολουθεῖ μετὰ προσοχῆς τὰς ἐξελίξεις καὶ ὅτι ἐλήφθησαν ἤδη ὅλα τὰ ἐνδεδειγμένα μέτρα διὰ τὴν διασφάλισιν τῶν συμφερόντων τῆς χώρας. Αἱ συνομιλίαι θὰ συνεχισθοῦν καὶ κατὰ τὰς ἑπομένας ἡμέρας εἰς τὴν πρωτεύουσαν μετὰ τῶν ἁρμοδίων παραγόντων.

ΝΕΑ ΓΡΑΜΜΑΤΟΣΗΜΑ ΕΙΣ ΤΗΝ ΙΤΑΛΙΑΝ

ΡΩΜΗ, 8. (Ρώυτερ).— ...

Κατὰ τὴν συνεδρίασιν τῆς κυβερνήσεως ἀπεφασίσθη ὅπως ἐξετασθοῦν περαιτέρω τὰ ζητήματα τὰ ἀφορῶντα τὴν διεθνῆ κατάστασιν, αἱ δὲ σχετικαὶ ἀποφάσεις θὰ ἀνακοινωθοῦν προσεχῶς. Ὁ ὑπουργὸς ἐτόνισεν ὅτι ἡ κυβέρνησις παρακολουθεῖ μετὰ προσοχῆς τὰς ἐξελίξεις καὶ ὅτι ἐλήφθησαν ἤδη ὅλα τὰ ἐνδεδειγμένα μέτρα διὰ τὴν διασφάλισιν τῶν συμφερόντων τῆς χώρας. Αἱ συνομιλίαι θὰ συνεχισθοῦν καὶ κατὰ τὰς ἑπομένας ἡμέρας εἰς τὴν πρωτεύουσαν μετὰ τῶν ἁρμοδίων παραγόντων.

Ο ΕΠΙΣΤΡΕΨΕΙ

ΒΕΛΙΓΡΑΔΙΟΝ, 8. (Ρώυτερ).— ...

Κατὰ τὴν συνεδρίασιν τῆς κυβερνήσεως ἀπεφασίσθη ὅπως ἐξετασθοῦν περαιτέρω τὰ ζητήματα τὰ ἀφορῶντα τὴν διεθνῆ κατάστασιν, αἱ δὲ σχετικαὶ ἀποφάσεις θὰ ἀνακοινωθοῦν προσεχῶς. Ὁ ὑπουργὸς ἐτόνισεν ὅτι ἡ κυβέρνησις παρακολουθεῖ μετὰ προσοχῆς τὰς ἐξελίξεις καὶ ὅτι ἐλήφθησαν ἤδη ὅλα τὰ ἐνδεδειγμένα μέτρα διὰ τὴν διασφάλισιν τῶν συμφερόντων τῆς χώρας. Αἱ συνομιλίαι θὰ συνεχισθοῦν καὶ κατὰ τὰς ἑπομένας ἡμέρας εἰς τὴν πρωτεύουσαν μετὰ τῶν ἁρμοδίων παραγόντων.

Ο ΝΤΕ ΓΚΩΛ ΑΠΕΔΕΧΘΗ ΠΡΟΣΦΟΡΑΝ ΜΕΣΟΛΑΒΗΣΕΩΣ ΔΙΑ ΤΟ ΑΛΓΕΡΙΝΟΝ
ΤΗΝ 18ΗΝ ΤΡΕΧΟΝΤΟΣ ΣΥΝΑΝΤΑΤΑΙ ΠΡΟΣ ΤΟΥΤΟ
ΜΕ ΤΟΝ ΠΡΟΕΔΡΟΝ ΤΗΣ ΤΥΝΗΣΙΑΣ ΜΠΟΥΡΓΚΙΜΠΑ
ΣΗΜΕΡΟΝ ΕΠΙΣΤΡΕΦΕΙ Ο ΑΜΠΑΣ ΕΙΣ ΤΥΝΙΔΑ

ΠΑΡΙΣΙΟΙ, 8. (Ρώυτερ).— Ὁ πρόεδρος Ντὲ Γκώλ, ἀνέθεσε κατὰ τὴν χθεσινὴν συνεδρίασιν...

Κατὰ τὴν συνεδρίασιν τῆς κυβερνήσεως ἀπεφασίσθη ὅπως ἐξετασθοῦν περαιτέρω τὰ ζητήματα τὰ ἀφορῶντα τὴν διεθνῆ κατάστασιν, αἱ δὲ σχετικαὶ ἀποφάσεις θὰ ἀνακοινωθοῦν προσεχῶς. Ὁ ὑπουργὸς ἐτόνισεν ὅτι ἡ κυβέρνησις παρακολουθεῖ μετὰ προσοχῆς τὰς ἐξελίξεις καὶ ὅτι ἐλήφθησαν ἤδη ὅλα τὰ ἐνδεδειγμένα μέτρα διὰ τὴν διασφάλισιν τῶν συμφερόντων τῆς χώρας. Αἱ συνομιλίαι θὰ συνεχισθοῦν καὶ κατὰ τὰς ἑπομένας ἡμέρας εἰς τὴν πρωτεύουσαν μετὰ τῶν ἁρμοδίων παραγόντων.

Κατὰ τὴν συνεδρίασιν τῆς κυβερνήσεως ἀπεφασίσθη ὅπως ἐξετασθοῦν περαιτέρω τὰ ζητήματα τὰ ἀφορῶντα τὴν διεθνῆ κατάστασιν, αἱ δὲ σχετικαὶ ἀποφάσεις θὰ ἀνακοινωθοῦν προσεχῶς. Ὁ ὑπουργὸς ἐτόνισεν ὅτι ἡ κυβέρνησις παρακολουθεῖ μετὰ προσοχῆς τὰς ἐξελίξεις καὶ ὅτι ἐλήφθησαν ἤδη ὅλα τὰ ἐνδεδειγμένα μέτρα διὰ τὴν διασφάλισιν τῶν συμφερόντων τῆς χώρας. Αἱ συνομιλίαι θὰ συνεχισθοῦν καὶ κατὰ τὰς ἑπομένας ἡμέρας εἰς τὴν πρωτεύουσαν μετὰ τῶν ἁρμοδίων παραγόντων.

Κατὰ τὴν συνεδρίασιν τῆς κυβερνήσεως ἀπεφασίσθη ὅπως ἐξετασθοῦν περαιτέρω τὰ ζητήματα τὰ ἀφορῶντα τὴν διεθνῆ κατάστασιν, αἱ δὲ σχετικαὶ ἀποφάσεις θὰ ἀνακοινωθοῦν προσεχῶς. Ὁ ὑπουργὸς ἐτόνισεν ὅτι ἡ κυβέρνησις παρακολουθεῖ μετὰ προσοχῆς τὰς ἐξελίξεις καὶ ὅτι ἐλήφθησαν ἤδη ὅλα τὰ ἐνδεδειγμένα μέτρα διὰ τὴν διασφάλισιν τῶν συμφερόντων τῆς χώρας. Αἱ συνομιλίαι θὰ συνεχισθοῦν καὶ κατὰ τὰς ἑπομένας ἡμέρας εἰς τὴν πρωτεύουσαν μετὰ τῶν ἁρμοδίων παραγόντων.

Κατὰ τὴν συνεδρίασιν τῆς κυβερνήσεως ἀπεφασίσθη ὅπως ἐξετασθοῦν περαιτέρω τὰ ζητήματα τὰ ἀφορῶντα τὴν διεθνῆ κατάστασιν, αἱ δὲ σχετικαὶ ἀποφάσεις θὰ ἀνακοινωθοῦν προσεχῶς. Ὁ ὑπουργὸς ἐτόνισεν ὅτι ἡ κυβέρνησις παρακολουθεῖ μετὰ προσοχῆς τὰς ἐξελίξεις καὶ ὅτι ἐλήφθησαν ἤδη ὅλα τὰ ἐνδεδειγμένα μέτρα διὰ τὴν διασφάλισιν τῶν συμφερόντων τῆς χώρας. Αἱ συνομιλίαι θὰ συνεχισθοῦν καὶ κατὰ τὰς ἑπομένας ἡμέρας εἰς τὴν πρωτεύουσαν μετὰ τῶν ἁρμοδίων παραγόντων.

Κατὰ τὴν συνεδρίασιν τῆς κυβερνήσεως ἀπεφασίσθη ὅπως ἐξετασθοῦν περαιτέρω τὰ ζητήματα τὰ ἀφορῶντα τὴν διεθνῆ κατάστασιν, αἱ δὲ σχετικαὶ ἀποφάσεις θὰ ἀνακοινωθοῦν προσεχῶς. Ὁ ὑπουργὸς ἐτόνισεν ὅτι ἡ κυβέρνησις παρακολουθεῖ μετὰ προσοχῆς τὰς ἐξελίξεις καὶ ὅτι ἐλήφθησαν ἤδη ὅλα τὰ ἐνδεδειγμένα μέτρα διὰ τὴν διασφάλισιν τῶν συμφερόντων τῆς χώρας. Αἱ συνομιλίαι θὰ συνεχισθοῦν καὶ κατὰ τὰς ἑπομένας ἡμέρας εἰς τὴν πρωτεύουσαν μετὰ τῶν ἁρμοδίων παραγόντων.

Κατὰ τὴν συνεδρίασιν τῆς κυβερνήσεως ἀπεφασίσθη ὅπως ἐξετασθοῦν περαιτέρω τὰ ζητήματα τὰ ἀφορῶντα τὴν διεθνῆ κατάστασιν, αἱ δὲ σχετικαὶ ἀποφάσεις θὰ ἀνακοινωθοῦν προσεχῶς. Ὁ ὑπουργὸς ἐτόνισεν ὅτι ἡ κυβέρνησις παρακολουθεῖ μετὰ προσοχῆς τὰς ἐξελίξεις καὶ ὅτι ἐλήφθησαν ἤδη ὅλα τὰ ἐνδεδειγμένα μέτρα διὰ τὴν διασφάλισιν τῶν συμφερόντων τῆς χώρας. Αἱ συνομιλίαι θὰ συνεχισθοῦν καὶ κατὰ τὰς ἑπομένας ἡμέρας εἰς τὴν πρωτεύουσαν μετὰ τῶν ἁρμοδίων παραγόντων.

Κατὰ τὴν συνεδρίασιν τῆς κυβερνήσεως ἀπεφασίσθη ὅπως ἐξετασθοῦν περαιτέρω τὰ ζητήματα τὰ ἀφορῶντα τὴν διεθνῆ κατάστασιν, αἱ δὲ σχετικαὶ ἀποφάσεις θὰ ἀνακοινωθοῦν προσεχῶς. Ὁ ὑπουργὸς ἐτόνισεν ὅτι ἡ κυβέρνησις παρακολουθεῖ μετὰ προσοχῆς τὰς ἐξελίξεις καὶ ὅτι ἐλήφθησαν ἤδη ὅλα τὰ ἐνδεδειγμένα μέτρα διὰ τὴν διασφάλισιν τῶν συμφερόντων τῆς χώρας. Αἱ συνομιλίαι θὰ συνεχισθοῦν καὶ κατὰ τὰς ἑπομένας ἡμέρας εἰς τὴν πρωτεύουσαν μετὰ τῶν ἁρμοδίων παραγόντων.

Κατὰ τὴν συνεδρίασιν τῆς κυβερνήσεως ἀπεφασίσθη ὅπως ἐξετασθοῦν περαιτέρω τὰ ζητήματα τὰ ἀφορῶντα τὴν διεθνῆ κατάστασιν, αἱ δὲ σχετικαὶ ἀποφάσεις θὰ ἀνακοινωθοῦν προσεχῶς. Ὁ ὑπουργὸς ἐτόνισεν ὅτι ἡ κυβέρνησις παρακολουθεῖ μετὰ προσοχῆς τὰς ἐξελίξεις καὶ ὅτι ἐλήφθησαν ἤδη ὅλα τὰ ἐνδεδειγμένα μέτρα διὰ τὴν διασφάλισιν τῶν συμφερόντων τῆς χώρας. Αἱ συνομιλίαι θὰ συνεχισθοῦν καὶ κατὰ τὰς ἑπομένας ἡμέρας εἰς τὴν πρωτεύουσαν μετὰ τῶν ἁρμοδίων παραγόντων.

Κατὰ τὴν συνεδρίασιν τῆς κυβερνήσεως ἀπεφασίσθη ὅπως ἐξετασθοῦν περαιτέρω τὰ ζητήματα τὰ ἀφορῶντα τὴν διεθνῆ κατάστασιν, αἱ δὲ σχετικαὶ ἀποφάσεις θὰ ἀνακοινωθοῦν προσεχῶς. Ὁ ὑπουργὸς ἐτόνισεν ὅτι ἡ κυβέρνησις παρακολουθεῖ μετὰ προσοχῆς τὰς ἐξελίξεις καὶ ὅτι ἐλήφθησαν ἤδη ὅλα τὰ ἐνδεδειγμένα μέτρα διὰ τὴν διασφάλισιν τῶν συμφερόντων τῆς χώρας. Αἱ συνομιλίαι θὰ συνεχισθοῦν καὶ κατὰ τὰς ἑπομένας ἡμέρας εἰς τὴν πρωτεύουσαν μετὰ τῶν ἁρμοδίων παραγόντων.

Κατὰ τὴν συνεδρίασιν τῆς κυβερνήσεως ἀπεφασίσθη ὅπως ἐξετασθοῦν περαιτέρω τὰ ζητήματα τὰ ἀφορῶντα τὴν διεθνῆ κατάστασιν, αἱ δὲ σχετικαὶ ἀποφάσεις θὰ ἀνακοινωθοῦν προσεχῶς. Ὁ ὑπουργὸς ἐτόνισεν ὅτι ἡ κυβέρνησις παρακολουθεῖ μετὰ προσοχῆς τὰς ἐξελίξεις καὶ ὅτι ἐλήφθησαν ἤδη ὅλα τὰ ἐνδεδειγμένα μέτρα διὰ τὴν διασφάλισιν τῶν συμφερόντων τῆς χώρας. Αἱ συνομιλίαι θὰ συνεχισθοῦν καὶ κατὰ τὰς ἑπομένας ἡμέρας εἰς τὴν πρωτεύουσαν μετὰ τῶν ἁρμοδίων παραγόντων.

Κατὰ τὴν συνεδρίασιν τῆς κυβερνήσεως ἀπεφασίσθη ὅπως ἐξετασθοῦν περαιτέρω τὰ ζητήματα τὰ ἀφορῶντα τὴν διεθνῆ κατάστασιν, αἱ δὲ σχετικαὶ ἀποφάσεις θὰ ἀνακοινωθοῦν προσεχῶς. Ὁ ὑπουργὸς ἐτόνισεν ὅτι ἡ κυβέρνησις παρακολουθεῖ μετὰ προσοχῆς τὰς ἐξελίξεις καὶ ὅτι ἐλήφθησαν ἤδη ὅλα τὰ ἐνδεδειγμένα μέτρα διὰ τὴν διασφάλισιν τῶν συμφερόντων τῆς χώρας. Αἱ συνομιλίαι θὰ συνεχισθοῦν καὶ κατὰ τὰς ἑπομένας ἡμέρας εἰς τὴν πρωτεύουσαν μετὰ τῶν ἁρμοδίων παραγόντων.

ΑΠΟΣΥΝΕΤΕΘΗ ΥΠΕΡΑΝΩ ΤΗΣ ΚΟΠΕΓΧΑΓΗΣ Ο ΠΥΡΑΥΛΟΣ - ΦΟΡΕΥΣ ΤΟΥ «ΣΠΟΥΤΝΙΚ»

ΣΙΑΝΤΥ, 8. (Ρώυτερ).— Ἀμερικανοὶ ἐπιστήμονες ἀνήγγειλαν...

Κατὰ τὴν συνεδρίασιν τῆς κυβερνήσεως ἀπεφασίσθη ὅπως ἐξετασθοῦν περαιτέρω τὰ ζητήματα τὰ ἀφορῶντα τὴν διεθνῆ κατάστασιν, αἱ δὲ σχετικαὶ ἀποφάσεις θὰ ἀνακοινωθοῦν προσεχῶς. Ὁ ὑπουργὸς ἐτόνισεν ὅτι ἡ κυβέρνησις παρακολουθεῖ μετὰ προσοχῆς τὰς ἐξελίξεις καὶ ὅτι ἐλήφθησαν ἤδη ὅλα τὰ ἐνδεδειγμένα μέτρα διὰ τὴν διασφάλισιν τῶν συμφερόντων τῆς χώρας. Αἱ συνομιλίαι θὰ συνεχισθοῦν καὶ κατὰ τὰς ἑπομένας ἡμέρας εἰς τὴν πρωτεύουσαν μετὰ τῶν ἁρμοδίων παραγόντων.

Κατὰ τὴν συνεδρίασιν τῆς κυβερνήσεως ἀπεφασίσθη ὅπως ἐξετασθοῦν περαιτέρω τὰ ζητήματα τὰ ἀφορῶντα τὴν διεθνῆ κατάστασιν, αἱ δὲ σχετικαὶ ἀποφάσεις θὰ ἀνακοινωθοῦν προσεχῶς. Ὁ ὑπουργὸς ἐτόνισεν ὅτι ἡ κυβέρνησις παρακολουθεῖ μετὰ προσοχῆς τὰς ἐξελίξεις καὶ ὅτι ἐλήφθησαν ἤδη ὅλα τὰ ἐνδεδειγμένα μέτρα διὰ τὴν διασφάλισιν τῶν συμφερόντων τῆς χώρας. Αἱ συνομιλίαι θὰ συνεχισθοῦν καὶ κατὰ τὰς ἑπομένας ἡμέρας εἰς τὴν πρωτεύουσαν μετὰ τῶν ἁρμοδίων παραγόντων.

Κατὰ τὴν συνεδρίασιν τῆς κυβερνήσεως ἀπεφασίσθη ὅπως ἐξετασθοῦν περαιτέρω τὰ ζητήματα τὰ ἀφορῶντα τὴν διεθνῆ κατάστασιν, αἱ δὲ σχετικαὶ ἀποφάσεις θὰ ἀνακοινωθοῦν προσεχῶς. Ὁ ὑπουργὸς ἐτόνισεν ὅτι ἡ κυβέρνησις παρακολουθεῖ μετὰ προσοχῆς τὰς ἐξελίξεις καὶ ὅτι ἐλήφθησαν ἤδη ὅλα τὰ ἐνδεδειγμένα μέτρα διὰ τὴν διασφάλισιν τῶν συμφερόντων τῆς χώρας. Αἱ συνομιλίαι θὰ συνεχισθοῦν καὶ κατὰ τὰς ἑπομένας ἡμέρας εἰς τὴν πρωτεύουσαν μετὰ τῶν ἁρμοδίων παραγόντων.

Κατὰ τὴν συνεδρίασιν τῆς κυβερνήσεως ἀπεφασίσθη ὅπως ἐξετασθοῦν περαιτέρω τὰ ζητήματα τὰ ἀφορῶντα τὴν διεθνῆ κατάστασιν, αἱ δὲ σχετικαὶ ἀποφάσεις θὰ ἀνακοινωθοῦν προσεχῶς. Ὁ ὑπουργὸς ἐτόνισεν ὅτι ἡ κυβέρνησις παρακολουθεῖ μετὰ προσοχῆς τὰς ἐξελίξεις καὶ ὅτι ἐλήφθησαν ἤδη ὅλα τὰ ἐνδεδειγμένα μέτρα διὰ τὴν διασφάλισιν τῶν συμφερόντων τῆς χώρας. Αἱ συνομιλίαι θὰ συνεχισθοῦν καὶ κατὰ τὰς ἑπομένας ἡμέρας εἰς τὴν πρωτεύουσαν μετὰ τῶν ἁρμοδίων παραγόντων.

Κατὰ τὴν συνεδρίασιν τῆς κυβερνήσεως ἀπεφασίσθη ὅπως ἐξετασθοῦν περαιτέρω τὰ ζητήματα τὰ ἀφορῶντα τὴν διεθνῆ κατάστασιν, αἱ δὲ σχετικαὶ ἀποφάσεις θὰ ἀνακοινωθοῦν προσεχῶς. Ὁ ὑπουργὸς ἐτόνισεν ὅτι ἡ κυβέρνησις παρακολουθεῖ μετὰ προσοχῆς τὰς ἐξελίξεις καὶ ὅτι ἐλήφθησαν ἤδη ὅλα τὰ ἐνδεδειγμένα μέτρα διὰ τὴν διασφάλισιν τῶν συμφερόντων τῆς χώρας. Αἱ συνομιλίαι θὰ συνεχισθοῦν καὶ κατὰ τὰς ἑπομένας ἡμέρας εἰς τὴν πρωτεύουσαν μετὰ τῶν ἁρμοδίων παραγόντων.

Κατὰ τὴν συνεδρίασιν τῆς κυβερνήσεως ἀπεφασίσθη ὅπως ἐξετασθοῦν περαιτέρω τὰ ζητήματα τὰ ἀφορῶντα τὴν διεθνῆ κατάστασιν, αἱ δὲ σχετικαὶ ἀποφάσεις θὰ ἀνακοινωθοῦν προσεχῶς. Ὁ ὑπουργὸς ἐτόνισεν ὅτι ἡ κυβέρνησις παρακολουθεῖ μετὰ προσοχῆς τὰς ἐξελίξεις καὶ ὅτι ἐλήφθησαν ἤδη ὅλα τὰ ἐνδεδειγμένα μέτρα διὰ τὴν διασφάλισιν τῶν συμφερόντων τῆς χώρας. Αἱ συνομιλίαι θὰ συνεχισθοῦν καὶ κατὰ τὰς ἑπομένας ἡμέρας εἰς τὴν πρωτεύουσαν μετὰ τῶν ἁρμοδίων παραγόντων.

Κατὰ τὴν συνεδρίασιν τῆς κυβερνήσεως ἀπεφασίσθη ὅπως ἐξετασθοῦν περαιτέρω τὰ ζητήματα τὰ ἀφορῶντα τὴν διεθνῆ κατάστασιν, αἱ δὲ σχετικαὶ ἀποφάσεις θὰ ἀνακοινωθοῦν προσεχῶς. Ὁ ὑπουργὸς ἐτόνισεν ὅτι ἡ κυβέρνησις παρακολουθεῖ μετὰ προσοχῆς τὰς ἐξελίξεις καὶ ὅτι ἐλήφθησαν ἤδη ὅλα τὰ ἐνδεδειγμένα μέτρα διὰ τὴν διασφάλισιν τῶν συμφερόντων τῆς χώρας. Αἱ συνομιλίαι θὰ συνεχισθοῦν καὶ κατὰ τὰς ἑπομένας ἡμέρας εἰς τὴν πρωτεύουσαν μετὰ τῶν ἁρμοδίων παραγόντων.

Κατὰ τὴν συνεδρίασιν τῆς κυβερνήσεως ἀπεφασίσθη ὅπως ἐξετασθοῦν περαιτέρω τὰ ζητήματα τὰ ἀφορῶντα τὴν διεθνῆ κατάστασιν, αἱ δὲ σχετικαὶ ἀποφάσεις θὰ ἀνακοινωθοῦν προσεχῶς. Ὁ ὑπουργὸς ἐτόνισεν ὅτι ἡ κυβέρνησις παρακολουθεῖ μετὰ προσοχῆς τὰς ἐξελίξεις καὶ ὅτι ἐλήφθησαν ἤδη ὅλα τὰ ἐνδεδειγμένα μέτρα διὰ τὴν διασφάλισιν τῶν συμφερόντων τῆς χώρας. Αἱ συνομιλίαι θὰ συνεχισθοῦν καὶ κατὰ τὰς ἑπομένας ἡμέρας εἰς τὴν πρωτεύουσαν μετὰ τῶν ἁρμοδίων παραγόντων.

Κατὰ τὴν συνεδρίασιν τῆς κυβερνήσεως ἀπεφασίσθη ὅπως ἐξετασθοῦν περαιτέρω τὰ ζητήματα τὰ ἀφορῶντα τὴν διεθνῆ κατάστασιν, αἱ δὲ σχετικαὶ ἀποφάσεις θὰ ἀνακοινωθοῦν προσεχῶς. Ὁ ὑπουργὸς ἐτόνισεν ὅτι ἡ κυβέρνησις παρακολουθεῖ μετὰ προσοχῆς τὰς ἐξελίξεις καὶ ὅτι ἐλήφθησαν ἤδη ὅλα τὰ ἐνδεδειγμένα μέτρα διὰ τὴν διασφάλισιν τῶν συμφερόντων τῆς χώρας. Αἱ συνομιλίαι θὰ συνεχισθοῦν καὶ κατὰ τὰς ἑπομένας ἡμέρας εἰς τὴν πρωτεύουσαν μετὰ τῶν ἁρμοδίων παραγόντων.

Κατὰ τὴν συνεδρίασιν τῆς κυβερνήσεως ἀπεφασίσθη ὅπως ἐξετασθοῦν περαιτέρω τὰ ζητήματα τὰ ἀφορῶντα τὴν διεθνῆ κατάστασιν, αἱ δὲ σχετικαὶ ἀποφάσεις θὰ ἀνακοινωθοῦν προσεχῶς. Ὁ ὑπουργὸς ἐτόνισεν ὅτι ἡ κυβέρνησις παρακολουθεῖ μετὰ προσοχῆς τὰς ἐξελίξεις καὶ ὅτι ἐλήφθησαν ἤδη ὅλα τὰ ἐνδεδειγμένα μέτρα διὰ τὴν διασφάλισιν τῶν συμφερόντων τῆς χώρας. Αἱ συνομιλίαι θὰ συνεχισθοῦν καὶ κατὰ τὰς ἑπομένας ἡμέρας εἰς τὴν πρωτεύουσαν μετὰ τῶν ἁρμοδίων παραγόντων.

Κατὰ τὴν συνεδρίασιν τῆς κυβερνήσεως ἀπεφασίσθη ὅπως ἐξετασθοῦν περαιτέρω τὰ ζητήματα τὰ ἀφορῶντα τὴν διεθνῆ κατάστασιν, αἱ δὲ σχετικαὶ ἀποφάσεις θὰ ἀνακοινωθοῦν προσεχῶς. Ὁ ὑπουργὸς ἐτόνισεν ὅτι ἡ κυβέρνησις παρακολουθεῖ μετὰ προσοχῆς τὰς ἐξελίξεις καὶ ὅτι ἐλήφθησαν ἤδη ὅλα τὰ ἐνδεδειγμένα μέτρα διὰ τὴν διασφάλισιν τῶν συμφερόντων τῆς χώρας. Αἱ συνομιλίαι θὰ συνεχισθοῦν καὶ κατὰ τὰς ἑπομένας ἡμέρας εἰς τὴν πρωτεύουσαν μετὰ τῶν ἁρμοδίων παραγόντων.

ΤΟ ΝΕΟΝ ΣΧΕΔΙΟΝ ΤΟΥ ΧΑΜΜΕΡΣΚΕΛΝΤ ΠΕΡΙ ΑΦΟΠΛΙΣΜΟΥ ΤΩΝ ΚΟΓΚΟΛΕΖΩΝ ΕΓΚΡΙΝΕΤΑΙ ΜΕΝ ΥΠΟ ΤΟΥ ΚΕΝΝΕΝΤΥ ΑΛΛ' ΑΠΟΚΡΟΥΕΤΑΙ ΥΠΟ ΟΛΩΝ ΓΕΝΙΚΩΣ ΚΑΙ ΥΠ' ΑΥΤΩΝ ΤΩΝ ΙΘΑΓΕΝΩΝ ΗΓΕΤΩΝ

ΕΛΙΖΑΜΠΕΤΒΙΛ, 8. (Ρώυτερ).— ...

Κατὰ τὴν συνεδρίασιν τῆς κυβερνήσεως ἀπεφασίσθη ὅπως ἐξετασθοῦν περαιτέρω τὰ ζητήματα τὰ ἀφορῶντα τὴν διεθνῆ κατάστασιν, αἱ δὲ σχετικαὶ ἀποφάσεις θὰ ἀνακοινωθοῦν προσεχῶς. Ὁ ὑπουργὸς ἐτόνισεν ὅτι ἡ κυβέρνησις παρακολουθεῖ μετὰ προσοχῆς τὰς ἐξελίξεις καὶ ὅτι ἐλήφθησαν ἤδη ὅλα τὰ ἐνδεδειγμένα μέτρα διὰ τὴν διασφάλισιν τῶν συμφερόντων τῆς χώρας. Αἱ συνομιλίαι θὰ συνεχισθοῦν καὶ κατὰ τὰς ἑπομένας ἡμέρας εἰς τὴν πρωτεύουσαν μετὰ τῶν ἁρμοδίων παραγόντων.

Κατὰ τὴν συνεδρίασιν τῆς κυβερνήσεως ἀπεφασίσθη ὅπως ἐξετασθοῦν περαιτέρω τὰ ζητήματα τὰ ἀφορῶντα τὴν διεθνῆ κατάστασιν, αἱ δὲ σχετικαὶ ἀποφάσεις θὰ ἀνακοινωθοῦν προσεχῶς. Ὁ ὑπουργὸς ἐτόνισεν ὅτι ἡ κυβέρνησις παρακολουθεῖ μετὰ προσοχῆς τὰς ἐξελίξεις καὶ ὅτι ἐλήφθησαν ἤδη ὅλα τὰ ἐνδεδειγμένα μέτρα διὰ τὴν διασφάλισιν τῶν συμφερόντων τῆς χώρας. Αἱ συνομιλίαι θὰ συνεχισθοῦν καὶ κατὰ τὰς ἑπομένας ἡμέρας εἰς τὴν πρωτεύουσαν μετὰ τῶν ἁρμοδίων παραγόντων.

Κατὰ τὴν συνεδρίασιν τῆς κυβερνήσεως ἀπεφασίσθη ὅπως ἐξετασθοῦν περαιτέρω τὰ ζητήματα τὰ ἀφορῶντα τὴν διεθνῆ κατάστασιν, αἱ δὲ σχετικαὶ ἀποφάσεις θὰ ἀνακοινωθοῦν προσεχῶς. Ὁ ὑπουργὸς ἐτόνισεν ὅτι ἡ κυβέρνησις παρακολουθεῖ μετὰ προσοχῆς τὰς ἐξελίξεις καὶ ὅτι ἐλήφθησαν ἤδη ὅλα τὰ ἐνδεδειγμένα μέτρα διὰ τὴν διασφάλισιν τῶν συμφερόντων τῆς χώρας. Αἱ συνομιλίαι θὰ συνεχισθοῦν καὶ κατὰ τὰς ἑπομένας ἡμέρας εἰς τὴν πρωτεύουσαν μετὰ τῶν ἁρμοδίων παραγόντων.

Κατὰ τὴν συνεδρίασιν τῆς κυβερνήσεως ἀπεφασίσθη ὅπως ἐξετασθοῦν περαιτέρω τὰ ζητήματα τὰ ἀφορῶντα τὴν διεθνῆ κατάστασιν, αἱ δὲ σχετικαὶ ἀποφάσεις θὰ ἀνακοινωθοῦν προσεχῶς. Ὁ ὑπουργὸς ἐτόνισεν ὅτι ἡ κυβέρνησις παρακολουθεῖ μετὰ προσοχῆς τὰς ἐξελίξεις καὶ ὅτι ἐλήφθησαν ἤδη ὅλα τὰ ἐνδεδειγμένα μέτρα διὰ τὴν διασφάλισιν τῶν συμφερόντων τῆς χώρας. Αἱ συνομιλίαι θὰ συνεχισθοῦν καὶ κατὰ τὰς ἑπομένας ἡμέρας εἰς τὴν πρωτεύουσαν μετὰ τῶν ἁρμοδίων παραγόντων.

Κατὰ τὴν συνεδρίασιν τῆς κυβερνήσεως ἀπεφασίσθη ὅπως ἐξετασθοῦν περαιτέρω τὰ ζητήματα τὰ ἀφορῶντα τὴν διεθνῆ κατάστασιν, αἱ δὲ σχετικαὶ ἀποφάσεις θὰ ἀνακοινωθοῦν προσεχῶς. Ὁ ὑπουργὸς ἐτόνισεν ὅτι ἡ κυβέρνησις παρακολουθεῖ μετὰ προσοχῆς τὰς ἐξελίξεις καὶ ὅτι ἐλήφθησαν ἤδη ὅλα τὰ ἐνδεδειγμένα μέτρα διὰ τὴν διασφάλισιν τῶν συμφερόντων τῆς χώρας. Αἱ συνομιλίαι θὰ συνεχισθοῦν καὶ κατὰ τὰς ἑπομένας ἡμέρας εἰς τὴν πρωτεύουσαν μετὰ τῶν ἁρμοδίων παραγόντων.

Κατὰ τὴν συνεδρίασιν τῆς κυβερνήσεως ἀπεφασίσθη ὅπως ἐξετασθοῦν περαιτέρω τὰ ζητήματα τὰ ἀφορῶντα τὴν διεθνῆ κατάστασιν, αἱ δὲ σχετικαὶ ἀποφάσεις θὰ ἀνακοινωθοῦν προσεχῶς. Ὁ ὑπουργὸς ἐτόνισεν ὅτι ἡ κυβέρνησις παρακολουθεῖ μετὰ προσοχῆς τὰς ἐξελίξεις καὶ ὅτι ἐλήφθησαν ἤδη ὅλα τὰ ἐνδεδειγμένα μέτρα διὰ τὴν διασφάλισιν τῶν συμφερόντων τῆς χώρας. Αἱ συνομιλίαι θὰ συνεχισθοῦν καὶ κατὰ τὰς ἑπομένας ἡμέρας εἰς τὴν πρωτεύουσαν μετὰ τῶν ἁρμοδίων παραγόντων.

Κατὰ τὴν συνεδρίασιν τῆς κυβερνήσεως ἀπεφασίσθη ὅπως ἐξετασθοῦν περαιτέρω τὰ ζητήματα τὰ ἀφορῶντα τὴν διεθνῆ κατάστασιν, αἱ δὲ σχετικαὶ ἀποφάσεις θὰ ἀνακοινωθοῦν προσεχῶς. Ὁ ὑπουργὸς ἐτόνισεν ὅτι ἡ κυβέρνησις παρακολουθεῖ μετὰ προσοχῆς τὰς ἐξελίξεις καὶ ὅτι ἐλήφθησαν ἤδη ὅλα τὰ ἐνδεδειγμένα μέτρα διὰ τὴν διασφάλισιν τῶν συμφερόντων τῆς χώρας. Αἱ συνομιλίαι θὰ συνεχισθοῦν καὶ κατὰ τὰς ἑπομένας ἡμέρας εἰς τὴν πρωτεύουσαν μετὰ τῶν ἁρμοδίων παραγόντων.

Κατὰ τὴν συνεδρίασιν τῆς κυβερνήσεως ἀπεφασίσθη ὅπως ἐξετασθοῦν περαιτέρω τὰ ζητήματα τὰ ἀφορῶντα τὴν διεθνῆ κατάστασιν, αἱ δὲ σχετικαὶ ἀποφάσεις θὰ ἀνακοινωθοῦν προσεχῶς. Ὁ ὑπουργὸς ἐτόνισεν ὅτι ἡ κυβέρνησις παρακολουθεῖ μετὰ προσοχῆς τὰς ἐξελίξεις καὶ ὅτι ἐλήφθησαν ἤδη ὅλα τὰ ἐνδεδειγμένα μέτρα διὰ τὴν διασφάλισιν τῶν συμφερόντων τῆς χώρας. Αἱ συνομιλίαι θὰ συνεχισθοῦν καὶ κατὰ τὰς ἑπομένας ἡμέρας εἰς τὴν πρωτεύουσαν μετὰ τῶν ἁρμοδίων παραγόντων.

Κατὰ τὴν συνεδρίασιν τῆς κυβερνήσεως ἀπεφασίσθη ὅπως ἐξετασθοῦν περαιτέρω τὰ ζητήματα τὰ ἀφορῶντα τὴν διεθνῆ κατάστασιν, αἱ δὲ σχετικαὶ ἀποφάσεις θὰ ἀνακοινωθοῦν προσεχῶς. Ὁ ὑπουργὸς ἐτόνισεν ὅτι ἡ κυβέρνησις παρακολουθεῖ μετὰ προσοχῆς τὰς ἐξελίξεις καὶ ὅτι ἐλήφθησαν ἤδη ὅλα τὰ ἐνδεδειγμένα μέτρα διὰ τὴν διασφάλισιν τῶν συμφερόντων τῆς χώρας. Αἱ συνομιλίαι θὰ συνεχισθοῦν καὶ κατὰ τὰς ἑπομένας ἡμέρας εἰς τὴν πρωτεύουσαν μετὰ τῶν ἁρμοδίων παραγόντων.

Κατὰ τὴν συνεδρίασιν τῆς κυβερνήσεως ἀπεφασίσθη ὅπως ἐξετασθοῦν περαιτέρω τὰ ζητήματα τὰ ἀφορῶντα τὴν διεθνῆ κατάστασιν, αἱ δὲ σχετικαὶ ἀποφάσεις θὰ ἀνακοινωθοῦν προσεχῶς. Ὁ ὑπουργὸς ἐτόνισεν ὅτι ἡ κυβέρνησις παρακολουθεῖ μετὰ προσοχῆς τὰς ἐξελίξεις καὶ ὅτι ἐλήφθησαν ἤδη ὅλα τὰ ἐνδεδειγμένα μέτρα διὰ τὴν διασφάλισιν τῶν συμφερόντων τῆς χώρας. Αἱ συνομιλίαι θὰ συνεχισθοῦν καὶ κατὰ τὰς ἑπομένας ἡμέρας εἰς τὴν πρωτεύουσαν μετὰ τῶν ἁρμοδίων παραγόντων.

Κατὰ τὴν συνεδρίασιν τῆς κυβερνήσεως ἀπεφασίσθη ὅπως ἐξετασθοῦν περαιτέρω τὰ ζητήματα τὰ ἀφορῶντα τὴν διεθνῆ κατάστασιν, αἱ δὲ σχετικαὶ ἀποφάσεις θὰ ἀνακοινωθοῦν προσεχῶς. Ὁ ὑπουργὸς ἐτόνισεν ὅτι ἡ κυβέρνησις παρακολουθεῖ μετὰ προσοχῆς τὰς ἐξελίξεις καὶ ὅτι ἐλήφθησαν ἤδη ὅλα τὰ ἐνδεδειγμένα μέτρα διὰ τὴν διασφάλισιν τῶν συμφερόντων τῆς χώρας. Αἱ συνομιλίαι θὰ συνεχισθοῦν καὶ κατὰ τὰς ἑπομένας ἡμέρας εἰς τὴν πρωτεύουσαν μετὰ τῶν ἁρμοδίων παραγόντων.

Κατὰ τὴν συνεδρίασιν τῆς κυβερνήσεως ἀπεφασίσθη ὅπως ἐξετασθοῦν περαιτέρω τὰ ζητήματα τὰ ἀφορῶντα τὴν διεθνῆ κατάστασιν, αἱ δὲ σχετικαὶ ἀποφάσεις θὰ ἀνακοινωθοῦν προσεχῶς. Ὁ ὑπουργὸς ἐτόνισεν ὅτι ἡ κυβέρνησις παρακολουθεῖ μετὰ προσοχῆς τὰς ἐξελίξεις καὶ ὅτι ἐλήφθησαν ἤδη ὅλα τὰ ἐνδεδειγμένα μέτρα διὰ τὴν διασφάλισιν τῶν συμφερόντων τῆς χώρας. Αἱ συνομιλίαι θὰ συνεχισθοῦν καὶ κατὰ τὰς ἑπομένας ἡμέρας εἰς τὴν πρωτεύουσαν μετὰ τῶν ἁρμοδίων παραγόντων.

Κατὰ τὴν συνεδρίασιν τῆς κυβερνήσεως ἀπεφασίσθη ὅπως ἐξετασθοῦν περαιτέρω τὰ ζητήματα τὰ ἀφορῶντα τὴν διεθνῆ κατάστασιν, αἱ δὲ σχετικαὶ ἀποφάσεις θὰ ἀνακοινωθοῦν προσεχῶς. Ὁ ὑπουργὸς ἐτόνισεν ὅτι ἡ κυβέρνησις παρακολουθεῖ μετὰ προσοχῆς τὰς ἐξελίξεις καὶ ὅτι ἐλήφθησαν ἤδη ὅλα τὰ ἐνδεδειγμένα μέτρα διὰ τὴν διασφάλισιν τῶν συμφερόντων τῆς χώρας. Αἱ συνομιλίαι θὰ συνεχισθοῦν καὶ κατὰ τὰς ἑπομένας ἡμέρας εἰς τὴν πρωτεύουσαν μετὰ τῶν ἁρμοδίων παραγόντων.

Κατὰ τὴν συνεδρίασιν τῆς κυβερνήσεως ἀπεφασίσθη ὅπως ἐξετασθοῦν περαιτέρω τὰ ζητήματα τὰ ἀφορῶντα τὴν διεθνῆ κατάστασιν, αἱ δὲ σχετικαὶ ἀποφάσεις θὰ ἀνακοινωθοῦν προσεχῶς. Ὁ ὑπουργὸς ἐτόνισεν ὅτι ἡ κυβέρνησις παρακολουθεῖ μετὰ προσοχῆς τὰς ἐξελίξεις καὶ ὅτι ἐλήφθησαν ἤδη ὅλα τὰ ἐνδεδειγμένα μέτρα διὰ τὴν διασφάλισιν τῶν συμφερόντων τῆς χώρας. Αἱ συνομιλίαι θὰ συνεχισθοῦν καὶ κατὰ τὰς ἑπομένας ἡμέρας εἰς τὴν πρωτεύουσαν μετὰ τῶν ἁρμοδίων παραγόντων.

Κατὰ τὴν συνεδρίασιν τῆς κυβερνήσεως ἀπεφασίσθη ὅπως ἐξετασθοῦν περαιτέρω τὰ ζητήματα τὰ ἀφορῶντα τὴν διεθνῆ κατάστασιν, αἱ δὲ σχετικαὶ ἀποφάσεις θὰ ἀνακοινωθοῦν προσεχῶς. Ὁ ὑπουργὸς ἐτόνισεν ὅτι ἡ κυβέρνησις παρακολουθεῖ μετὰ προσοχῆς τὰς ἐξελίξεις καὶ ὅτι ἐλήφθησαν ἤδη ὅλα τὰ ἐνδεδειγμένα μέτρα διὰ τὴν διασφάλισιν τῶν συμφερόντων τῆς χώρας. Αἱ συνομιλίαι θὰ συνεχισθοῦν καὶ κατὰ τὰς ἑπομένας ἡμέρας εἰς τὴν πρωτεύουσαν μετὰ τῶν ἁρμοδίων παραγόντων.

ΜΑΚΕΔΟΝΙΑ
Κατὰ τὴν ἐπίσκεψιν των εἰς τὸ Λονδῖνον
ΔΥΟ ΣΥΝΑΝΤΗΣΕΙΣ ΘΑ ΕΧΟΥΝ ΜΕΤΑ ΤΟΥ κ. ΜΑΚ ΜΙΛΛΑΝ ΟΙ κ.κ. ΚΑΡΑΜΑΝΛΗΣ & ΑΒΕΡΩΦ
Ἡ πρόσκλησις τῶν χαρακτηρίζεται
ὡς χειρονομία καλῆς θελήσεως
ΘΑ ΜΕΤΑΒΟΥΝ ΚΑΙ ΟΙ ΒΑΣΙΛΕΙΣ

ΛΟΝΔΙΝΟΝ, 8. (Ρώυτερ).— Ὁ πρωθυπουργὸς τῆς Ἑλλάδος κ. Κων. Καραμανλῆς καὶ ὁ ὑπουργὸς ἐξωτερικῶν κ. Ἀβέρωφ...

Κατὰ τὴν συνεδρίασιν τῆς κυβερνήσεως ἀπεφασίσθη ὅπως ἐξετασθοῦν περαιτέρω τὰ ζητήματα τὰ ἀφορῶντα τὴν διεθνῆ κατάστασιν, αἱ δὲ σχετικαὶ ἀποφάσεις θὰ ἀνακοινωθοῦν προσεχῶς. Ὁ ὑπουργὸς ἐτόνισεν ὅτι ἡ κυβέρνησις παρακολουθεῖ μετὰ προσοχῆς τὰς ἐξελίξεις καὶ ὅτι ἐλήφθησαν ἤδη ὅλα τὰ ἐνδεδειγμένα μέτρα διὰ τὴν διασφάλισιν τῶν συμφερόντων τῆς χώρας. Αἱ συνομιλίαι θὰ συνεχισθοῦν καὶ κατὰ τὰς ἑπομένας ἡμέρας εἰς τὴν πρωτεύουσαν μετὰ τῶν ἁρμοδίων παραγόντων.

ΘΑ ΑΥΞΗΘΟΥΝ ΑΙ ΣΥΝΑΛΛΑΓΑΙ

Κατὰ τὴν συνεδρίασιν τῆς κυβερνήσεως ἀπεφασίσθη ὅπως ἐξετασθοῦν περαιτέρω τὰ ζητήματα τὰ ἀφορῶντα τὴν διεθνῆ κατάστασιν, αἱ δὲ σχετικαὶ ἀποφάσεις θὰ ἀνακοινωθοῦν προσεχῶς. Ὁ ὑπουργὸς ἐτόνισεν ὅτι ἡ κυβέρνησις παρακολουθεῖ μετὰ προσοχῆς τὰς ἐξελίξεις καὶ ὅτι ἐλήφθησαν ἤδη ὅλα τὰ ἐνδεδειγμένα μέτρα διὰ τὴν διασφάλισιν τῶν συμφερόντων τῆς χώρας. Αἱ συνομιλίαι θὰ συνεχισθοῦν καὶ κατὰ τὰς ἑπομένας ἡμέρας εἰς τὴν πρωτεύουσαν μετὰ τῶν ἁρμοδίων παραγόντων.

Κατὰ τὴν συνεδρίασιν τῆς κυβερνήσεως ἀπεφασίσθη ὅπως ἐξετασθοῦν περαιτέρω τὰ ζητήματα τὰ ἀφορῶντα τὴν διεθνῆ κατάστασιν, αἱ δὲ σχετικαὶ ἀποφάσεις θὰ ἀνακοινωθοῦν προσεχῶς. Ὁ ὑπουργὸς ἐτόνισεν ὅτι ἡ κυβέρνησις παρακολουθεῖ μετὰ προσοχῆς τὰς ἐξελίξεις καὶ ὅτι ἐλήφθησαν ἤδη ὅλα τὰ ἐνδεδειγμένα μέτρα διὰ τὴν διασφάλισιν τῶν συμφερόντων τῆς χώρας. Αἱ συνομιλίαι θὰ συνεχισθοῦν καὶ κατὰ τὰς ἑπομένας ἡμέρας εἰς τὴν πρωτεύουσαν μετὰ τῶν ἁρμοδίων παραγόντων.

ΚΑΙ ΟΙ ΒΑΣΙΛΕΙΣ

Κατὰ τὴν συνεδρίασιν τῆς κυβερνήσεως ἀπεφασίσθη ὅπως ἐξετασθοῦν περαιτέρω τὰ ζητήματα τὰ ἀφορῶντα τὴν διεθνῆ κατάστασιν, αἱ δὲ σχετικαὶ ἀποφάσεις θὰ ἀνακοινωθοῦν προσεχῶς. Ὁ ὑπουργὸς ἐτόνισεν ὅτι ἡ κυβέρνησις παρακολουθεῖ μετὰ προσοχῆς τὰς ἐξελίξεις καὶ ὅτι ἐλήφθησαν ἤδη ὅλα τὰ ἐνδεδειγμένα μέτρα διὰ τὴν διασφάλισιν τῶν συμφερόντων τῆς χώρας. Αἱ συνομιλίαι θὰ συνεχισθοῦν καὶ κατὰ τὰς ἑπομένας ἡμέρας εἰς τὴν πρωτεύουσαν μετὰ τῶν ἁρμοδίων παραγόντων.

ΕΛΛΗΝΙΚΑΙ ΩΣ ΚΑΙ ΤΟΥΡΚΙΚΑΙ ΟΡΓΑΝΩΣΕΙΣ ΕΥΝΟΟΥΝ ΤΗΝ ΕΝΤΑΞΙΝ ΤΗΣ ΚΥΠΡΟΥ ΕΙΣ ΤΗΝ ΒΡΕΤΑΝΝΙΚΗΝ ΚΟΙΝΟΠΟΛΙΤΕΙΑΝ

ΛΕΥΚΩΣΙΑ, 8. (Ρώυτερ).— Ὁ κ. Κεμάλ Ρουστέμ...

Κατὰ τὴν συνεδρίασιν τῆς κυβερνήσεως ἀπεφασίσθη ὅπως ἐξετασθοῦν περαιτέρω τὰ ζητήματα τὰ ἀφορῶντα τὴν διεθνῆ κατάστασιν, αἱ δὲ σχετικαὶ ἀποφάσεις θὰ ἀνακοινωθοῦν προσεχῶς. Ὁ ὑπουργὸς ἐτόνισεν ὅτι ἡ κυβέρνησις παρακολουθεῖ μετὰ προσοχῆς τὰς ἐξελίξεις καὶ ὅτι ἐλήφθησαν ἤδη ὅλα τὰ ἐνδεδειγμένα μέτρα διὰ τὴν διασφάλισιν τῶν συμφερόντων τῆς χώρας. Αἱ συνομιλίαι θὰ συνεχισθοῦν καὶ κατὰ τὰς ἑπομένας ἡμέρας εἰς τὴν πρωτεύουσαν μετὰ τῶν ἁρμοδίων παραγόντων.

ΕΠΙΘΕΣΙΣ ΚΑΤΑ ΚΑΦΕΝΕΙΩΝ

Κατὰ τὴν συνεδρίασιν τῆς κυβερνήσεως ἀπεφασίσθη ὅπως ἐξετασθοῦν περαιτέρω τὰ ζητήματα τὰ ἀφορῶντα τὴν διεθνῆ κατάστασιν, αἱ δὲ σχετικαὶ ἀποφάσεις θὰ ἀνακοινωθοῦν προσεχῶς. Ὁ ὑπουργὸς ἐτόνισεν ὅτι ἡ κυβέρνησις παρακολουθεῖ μετὰ προσοχῆς τὰς ἐξελίξεις καὶ ὅτι ἐλήφθησαν ἤδη ὅλα τὰ ἐνδεδειγμένα μέτρα διὰ τὴν διασφάλισιν τῶν συμφερόντων τῆς χώρας. Αἱ συνομιλίαι θὰ συνεχισθοῦν καὶ κατὰ τὰς ἑπομένας ἡμέρας εἰς τὴν πρωτεύουσαν μετὰ τῶν ἁρμοδίων παραγόντων.

ΟΙ ΑΝΤΕΝΑΟΥΕΡ ΚΑΙ ΝΤΕ ΓΚΩΛ ΕΙΣ ΤΟ ΠΑΡΙΣΙ ΘΑ ΣΥΖΗΤΗΣΟΥΝ ΕΙΔΙΚΑ ΘΕΜΑΤΑ ΑΦΟΡΩΝΤΑ ΤΗΝ ΕΥΡΩΠΑΪΚΗΝ ΣΥΝΕΡΓΑΣΙΑΝ

ΒΟΝΝΗ, 8. (Ρώυτερ).— Κατὰ τὴν συνάντησιν...

Κατὰ τὴν συνεδρίασιν τῆς κυβερνήσεως ἀπεφασίσθη ὅπως ἐξετασθοῦν περαιτέρω τὰ ζητήματα τὰ ἀφορῶντα τὴν διεθνῆ κατάστασιν, αἱ δὲ σχετικαὶ ἀποφάσεις θὰ ἀνακοινωθοῦν προσεχῶς. Ὁ ὑπουργὸς ἐτόνισεν ὅτι ἡ κυβέρνησις παρακολουθεῖ μετὰ προσοχῆς τὰς ἐξελίξεις καὶ ὅτι ἐλήφθησαν ἤδη ὅλα τὰ ἐνδεδειγμένα μέτρα διὰ τὴν διασφάλισιν τῶν συμφερόντων τῆς χώρας. Αἱ συνομιλίαι θὰ συνεχισθοῦν καὶ κατὰ τὰς ἑπομένας ἡμέρας εἰς τὴν πρωτεύουσαν μετὰ τῶν ἁρμοδίων παραγόντων.

Κατὰ τὴν συνεδρίασιν τῆς κυβερνήσεως ἀπεφασίσθη ὅπως ἐξετασθοῦν περαιτέρω τὰ ζητήματα τὰ ἀφορῶντα τὴν διεθνῆ κατάστασιν, αἱ δὲ σχετικαὶ ἀποφάσεις θὰ ἀνακοινωθοῦν προσεχῶς. Ὁ ὑπουργὸς ἐτόνισεν ὅτι ἡ κυβέρνησις παρακολουθεῖ μετὰ προσοχῆς τὰς ἐξελίξεις καὶ ὅτι ἐλήφθησαν ἤδη ὅλα τὰ ἐνδεδειγμένα μέτρα διὰ τὴν διασφάλισιν τῶν συμφερόντων τῆς χώρας. Αἱ συνομιλίαι θὰ συνεχισθοῦν καὶ κατὰ τὰς ἑπομένας ἡμέρας εἰς τὴν πρωτεύουσαν μετὰ τῶν ἁρμοδίων παραγόντων.

Κατὰ τὴν συνεδρίασιν τῆς κυβερνήσεως ἀπεφασίσθη ὅπως ἐξετασθοῦν περαιτέρω τὰ ζητήματα τὰ ἀφορῶντα τὴν διεθνῆ κατάστασιν, αἱ δὲ σχετικαὶ ἀποφάσεις θὰ ἀνακοινωθοῦν προσεχῶς. Ὁ ὑπουργὸς ἐτόνισεν ὅτι ἡ κυβέρνησις παρακολουθεῖ μετὰ προσοχῆς τὰς ἐξελίξεις καὶ ὅτι ἐλήφθησαν ἤδη ὅλα τὰ ἐνδεδειγμένα μέτρα διὰ τὴν διασφάλισιν τῶν συμφερόντων τῆς χώρας. Αἱ συνομιλίαι θὰ συνεχισθοῦν καὶ κατὰ τὰς ἑπομένας ἡμέρας εἰς τὴν πρωτεύουσαν μετὰ τῶν ἁρμοδίων παραγόντων.

ΕΙΣ ΤΗΝ ΑΜΕΡΙΚΗΝ ΕΚΥΚΛΟΦΟΡΗΣΕΝ Η ΦΗΜΗ ΟΤΙ Ο ΑΡΧΙΕΠΙΣΚΟΠΟΣ ΤΟΥ ΚΑΝΤΕΡΜΠΟΥΡΥ ΘΑ ΠΡΟΣΧΩΡΗΣΗ ΕΙΣ ΤΟΝ ΚΑΘΟΛΙΚΙΣΜΟΝ

ΛΟΝΔΙΝΟΝ, 8. (Ἀσσ. Πρές).— ...	Κατὰ τὴν συνεδρίασιν τῆς κυβερνήσεως ἀπεφασίσθη ὅπως ἐξετασθοῦν περαιτέρω τὰ ζητήματα τὰ ἀφορῶντα τὴν διεθνῆ κατάστασιν, αἱ δὲ σχετικαὶ ἀποφάσεις θὰ ἀνακοινωθοῦν προσεχῶς. Ὁ ὑπουργὸς ἐτόνισεν ὅτι ἡ κυβέρνησις παρακολουθεῖ μετὰ προσοχῆς τὰς ἐξελίξεις καὶ ὅτι ἐλήφθησαν ἤδη ὅλα τὰ ἐνδεδειγμένα μέτρα διὰ τὴν διασφάλισιν τῶν συμφερόντων τῆς χώρας. Αἱ συνομιλίαι θὰ συνεχισθοῦν καὶ κατὰ τὰς ἑπομένας ἡμέρας εἰς τὴν πρωτεύουσαν μετὰ τῶν ἁρμοδίων παραγόντων.

ΟΙ ΡΩΣΣΟΙ ΖΗΤΟΥΝ ΤΗΝ ΑΠΕΛΕΥΘΕΡΩΣΙΝ ΡΩΣΣΩΝ ΣΥΛΛΗΦΘΕΝΤΩΝ ΕΙΣ ΑΜΕΡΙΚΗΝ ΜΕ ΤΗΝ ΚΑΤΗΓΟΡΙΑΝ ΤΗΣ ΚΑΤΑΣΚΟΠΕΙΑΣ

ΜΟΣΧΑ, 8. (Ἀσσ. Πρές).— ...

Κατὰ τὴν συνεδρίασιν τῆς κυβερνήσεως ἀπεφασίσθη ὅπως ἐξετασθοῦν περαιτέρω τὰ ζητήματα τὰ ἀφορῶντα τὴν διεθνῆ κατάστασιν, αἱ δὲ σχετικαὶ ἀποφάσεις θὰ ἀνακοινωθοῦν προσεχῶς. Ὁ ὑπουργὸς ἐτόνισεν ὅτι ἡ κυβέρνησις παρακολουθεῖ μετὰ προσοχῆς τὰς ἐξελίξεις καὶ ὅτι ἐλήφθησαν ἤδη ὅλα τὰ ἐνδεδειγμένα μέτρα διὰ τὴν διασφάλισιν τῶν συμφερόντων τῆς χώρας. Αἱ συνομιλίαι θὰ συνεχισθοῦν καὶ κατὰ τὰς ἑπομένας ἡμέρας εἰς τὴν πρωτεύουσαν μετὰ τῶν ἁρμοδίων παραγόντων.

Κατὰ τὴν συνεδρίασιν τῆς κυβερνήσεως ἀπεφασίσθη ὅπως ἐξετασθοῦν περαιτέρω τὰ ζητήματα τὰ ἀφορῶντα τὴν διεθνῆ κατάστασιν, αἱ δὲ σχετικαὶ ἀποφάσεις θὰ ἀνακοινωθοῦν προσεχῶς. Ὁ ὑπουργὸς ἐτόνισεν ὅτι ἡ κυβέρνησις παρακολουθεῖ μετὰ προσοχῆς τὰς ἐξελίξεις καὶ ὅτι ἐλήφθησαν ἤδη ὅλα τὰ ἐνδεδειγμένα μέτρα διὰ τὴν διασφάλισιν τῶν συμφερόντων τῆς χώρας. Αἱ συνομιλίαι θὰ συνεχισθοῦν καὶ κατὰ τὰς ἑπομένας ἡμέρας εἰς τὴν πρωτεύουσαν μετὰ τῶν ἁρμοδίων παραγόντων.

ΕΠΑΝΑΛΑΜΒΑΝΟΝΤΑΙ ΑΙ ΣΥΝΟΜΙΛΙΑΙ ΜΕΤΑΞΥ ΛΟΝΔΙΝΟΥ ΚΑΙ ΒΟΝΝΗΣ ΠΕΡΙ ΕΚΠΑΙΔΕΥΣΕΩΣ ΕΝ ΑΓΓΛΙΑ ΤΩΝ ΕΙΔΙΚΩΝ ΤΜΗΜΑΤΩΝ ΤΗΣ ΒΕΡΜΑΧΤ

ΛΟΝΔΙΝΟΝ, 8. (Ἀσσοσ. Πρές).— Ἡ βρετανικὴ κυβέρνησις...

Κατὰ τὴν συνεδρίασιν τῆς κυβερνήσεως ἀπεφασίσθη ὅπως ἐξετασθοῦν περαιτέρω τὰ ζητήματα τὰ ἀφορῶντα τὴν διεθνῆ κατάστασιν, αἱ δὲ σχετικαὶ ἀποφάσεις θὰ ἀνακοινωθοῦν προσεχῶς. Ὁ ὑπουργὸς ἐτόνισεν ὅτι ἡ κυβέρνησις παρακολουθεῖ μετὰ προσοχῆς τὰς ἐξελίξεις καὶ ὅτι ἐλήφθησαν ἤδη ὅλα τὰ ἐνδεδειγμένα μέτρα διὰ τὴν διασφάλισιν τῶν συμφερόντων τῆς χώρας. Αἱ συνομιλίαι θὰ συνεχισθοῦν καὶ κατὰ τὰς ἑπομένας ἡμέρας εἰς τὴν πρωτεύουσαν μετὰ τῶν ἁρμοδίων παραγόντων.

Κατὰ τὴν συνεδρίασιν τῆς κυβερνήσεως ἀπεφασίσθη ὅπως ἐξετασθοῦν περαιτέρω τὰ ζητήματα τὰ ἀφορῶντα τὴν διεθνῆ κατάστασιν, αἱ δὲ σχετικαὶ ἀποφάσεις θὰ ἀνακοινωθοῦν προσεχῶς. Ὁ ὑπουργὸς ἐτόνισεν ὅτι ἡ κυβέρνησις παρακολουθεῖ μετὰ προσοχῆς τὰς ἐξελίξεις καὶ ὅτι ἐλήφθησαν ἤδη ὅλα τὰ ἐνδεδειγμένα μέτρα διὰ τὴν διασφάλισιν τῶν συμφερόντων τῆς χώρας. Αἱ συνομιλίαι θὰ συνεχισθοῦν καὶ κατὰ τὰς ἑπομένας ἡμέρας εἰς τὴν πρωτεύουσαν μετὰ τῶν ἁρμοδίων παραγόντων.

ΔΙΑΤΙ ΔΙΑΜΑΡΤΥΡΟΝΤΑΙ

Κατὰ τὴν συνεδρίασιν τῆς κυβερνήσεως ἀπεφασίσθη ὅπως ἐξετασθοῦν περαιτέρω τὰ ζητήματα τὰ ἀφορῶντα τὴν διεθνῆ κατάστασιν, αἱ δὲ σχετικαὶ ἀποφάσεις θὰ ἀνακοινωθοῦν προσεχῶς. Ὁ ὑπουργὸς ἐτόνισεν ὅτι ἡ κυβέρνησις παρακολουθεῖ μετὰ προσοχῆς τὰς ἐξελίξεις καὶ ὅτι ἐλήφθησαν ἤδη ὅλα τὰ ἐνδεδειγμένα μέτρα διὰ τὴν διασφάλισιν τῶν συμφερόντων τῆς χώρας. Αἱ συνομιλίαι θὰ συνεχισθοῦν καὶ κατὰ τὰς ἑπομένας ἡμέρας εἰς τὴν πρωτεύουσαν μετὰ τῶν ἁρμοδίων παραγόντων.

Προηγουμένως

Κατὰ τὴν συνεδρίασιν τῆς κυβερνήσεως ἀπεφασίσθη ὅπως ἐξετασθοῦν περαιτέρω τὰ ζητήματα τὰ ἀφορῶντα τὴν διεθνῆ κατάστασιν, αἱ δὲ σχετικαὶ ἀποφάσεις θὰ ἀνακοινωθοῦν προσεχῶς. Ὁ ὑπουργὸς ἐτόνισεν ὅτι ἡ κυβέρνησις παρακολουθεῖ μετὰ προσοχῆς τὰς ἐξελίξεις καὶ ὅτι ἐλήφθησαν ἤδη ὅλα τὰ ἐνδεδειγμένα μέτρα διὰ τὴν διασφάλισιν τῶν συμφερόντων τῆς χώρας. Αἱ συνομιλίαι θὰ συνεχισθοῦν καὶ κατὰ τὰς ἑπομένας ἡμέρας εἰς τὴν πρωτεύουσαν μετὰ τῶν ἁρμοδίων παραγόντων.
